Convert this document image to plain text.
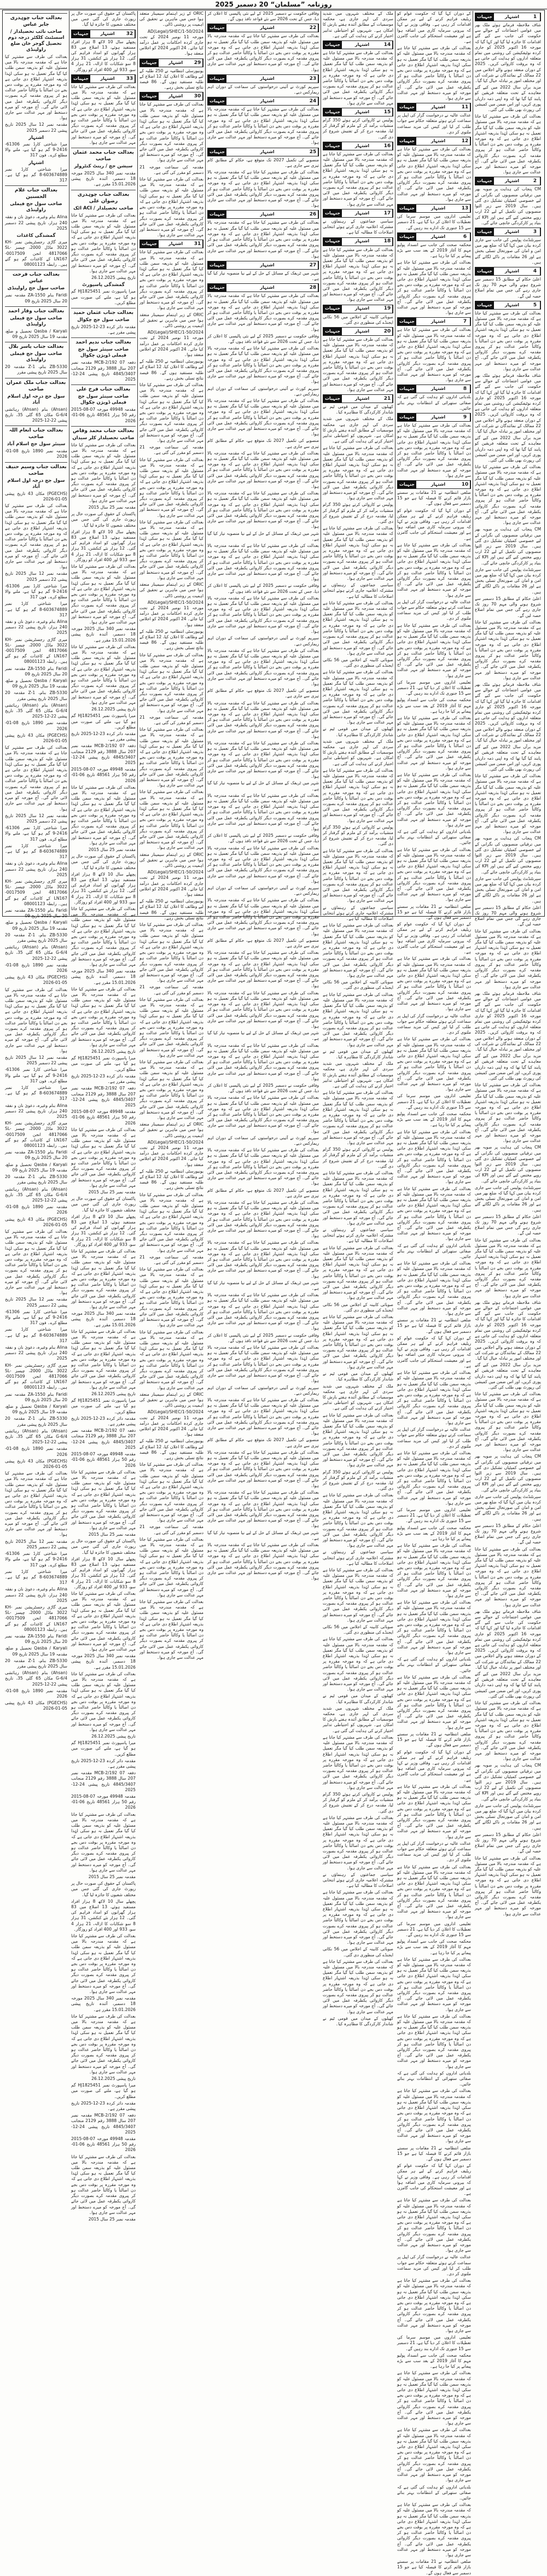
روزنامہ ”مسلمان“ 20 دسمبر 2025
جنہیات	اشتہار	1

شاف ملاحظہ فرماتے ہوئے ملک بھر میں عوامی اجتماعات کے حوالے سے حکومت کی جانب سے کیے گئے اقدامات کا جائزہ لیا گیا اور کہا گیا کہ مورخہ 16 اکتوبر 2025 کو جاری کردہ نوٹیفکیشن کی روشنی میں تمام متعلقہ اداروں کو ہدایت کی جاتی ہے کہ وہ بروقت کاروائی کریں۔ 2025 کے دوران منعقد ہونے والے اجلاس میں 22 ممالک کے نمائندگان نے شرکت کی اور مختلف امور پر تبادلہ خیال کیا گیا۔

مزید برآں سال 2022 میں کیے گئے معاہدے کے تحت متعلقہ فریقین کو پابند کیا گیا تھا کہ وہ اپنی ذمہ داریاں پوری کریں، اور اس ضمن میں کمیشن کی رپورٹ بھی طلب کی گئی۔

بعدالت کی طرف سے مشتہر کیا جاتا ہے کہ مقدمہ مندرجہ بالا میں مسئول علیہ کو بذریعہ سمن طلب کیا گیا مگر تعمیل نہ ہو سکی لہٰذا بذریعہ اشتہار اطلاع دی جاتی ہے کہ وہ مورخہ مقررہ پر بوقت دس بجے دن اصالتاً یا وکالتاً حاضر عدالت ہو کر پیروی مقدمہ کرے بصورت دیگر کاروائی یکطرفہ عمل میں لائی جائے گی۔ آج مورخہ کو میرے دستخط اور مہر عدالت سے جاری ہوا۔

جنہیات	اشتہار	2

CM پنجاب کی ہدایت پر صوبہ بھر میں ترقیاتی منصوبوں کی نگرانی کے لیے خصوصی کمیٹیاں تشکیل دی گئی ہیں۔ سال 2019 سے زیر التوا منصوبوں کی تکمیل کے لیے 22 ارب روپے مختص کیے گئے ہیں اور KPI کی بنیاد پر کارکردگی جانچی جائے گی۔

جنہیات	اشتہار	3

سپرنٹنڈنٹ پولیس کی جانب سے جاری کردہ بیان میں کہا گیا کہ ضلع بھر میں امن و امان کی صورتحال تسلی بخش ہے اور 26 مقامات پر ناکے لگائے گئے ہیں۔

جنہیات	اشتہار	4

اعلیٰ حکام کے مطابق 15 دسمبر سے شروع ہونے والی مہم 70 روز تک جاری رہے گی جس میں تمام اضلاع حصہ لیں گے۔

جنہیات	اشتہار	5

بعدالت کی طرف سے مشتہر کیا جاتا ہے کہ مقدمہ مندرجہ بالا میں مسئول علیہ کو بذریعہ سمن طلب کیا گیا مگر تعمیل نہ ہو سکی لہٰذا بذریعہ اشتہار اطلاع دی جاتی ہے کہ وہ مورخہ مقررہ پر بوقت دس بجے دن اصالتاً یا وکالتاً حاضر عدالت ہو کر پیروی مقدمہ کرے بصورت دیگر کاروائی یکطرفہ عمل میں لائی جائے گی۔ آج مورخہ کو میرے دستخط اور مہر عدالت سے جاری ہوا۔

شاف ملاحظہ فرماتے ہوئے ملک بھر میں عوامی اجتماعات کے حوالے سے حکومت کی جانب سے کیے گئے اقدامات کا جائزہ لیا گیا اور کہا گیا کہ مورخہ 16 اکتوبر 2025 کو جاری کردہ نوٹیفکیشن کی روشنی میں تمام متعلقہ اداروں کو ہدایت کی جاتی ہے کہ وہ بروقت کاروائی کریں۔ 2025 کے دوران منعقد ہونے والے اجلاس میں 22 ممالک کے نمائندگان نے شرکت کی اور مختلف امور پر تبادلہ خیال کیا گیا۔

مزید برآں سال 2022 میں کیے گئے معاہدے کے تحت متعلقہ فریقین کو پابند کیا گیا تھا کہ وہ اپنی ذمہ داریاں پوری کریں، اور اس ضمن میں کمیشن کی رپورٹ بھی طلب کی گئی۔

بعدالت کی طرف سے مشتہر کیا جاتا ہے کہ مقدمہ مندرجہ بالا میں مسئول علیہ کو بذریعہ سمن طلب کیا گیا مگر تعمیل نہ ہو سکی لہٰذا بذریعہ اشتہار اطلاع دی جاتی ہے کہ وہ مورخہ مقررہ پر بوقت دس بجے دن اصالتاً یا وکالتاً حاضر عدالت ہو کر پیروی مقدمہ کرے بصورت دیگر کاروائی یکطرفہ عمل میں لائی جائے گی۔ آج مورخہ کو میرے دستخط اور مہر عدالت سے جاری ہوا۔

CM پنجاب کی ہدایت پر صوبہ بھر میں ترقیاتی منصوبوں کی نگرانی کے لیے خصوصی کمیٹیاں تشکیل دی گئی ہیں۔ سال 2019 سے زیر التوا منصوبوں کی تکمیل کے لیے 22 ارب روپے مختص کیے گئے ہیں اور KPI کی بنیاد پر کارکردگی جانچی جائے گی۔

سپرنٹنڈنٹ پولیس کی جانب سے جاری کردہ بیان میں کہا گیا کہ ضلع بھر میں امن و امان کی صورتحال تسلی بخش ہے اور 26 مقامات پر ناکے لگائے گئے ہیں۔

اعلیٰ حکام کے مطابق 15 دسمبر سے شروع ہونے والی مہم 70 روز تک جاری رہے گی جس میں تمام اضلاع حصہ لیں گے۔

بعدالت کی طرف سے مشتہر کیا جاتا ہے کہ مقدمہ مندرجہ بالا میں مسئول علیہ کو بذریعہ سمن طلب کیا گیا مگر تعمیل نہ ہو سکی لہٰذا بذریعہ اشتہار اطلاع دی جاتی ہے کہ وہ مورخہ مقررہ پر بوقت دس بجے دن اصالتاً یا وکالتاً حاضر عدالت ہو کر پیروی مقدمہ کرے بصورت دیگر کاروائی یکطرفہ عمل میں لائی جائے گی۔ آج مورخہ کو میرے دستخط اور مہر عدالت سے جاری ہوا۔

شاف ملاحظہ فرماتے ہوئے ملک بھر میں عوامی اجتماعات کے حوالے سے حکومت کی جانب سے کیے گئے اقدامات کا جائزہ لیا گیا اور کہا گیا کہ مورخہ 16 اکتوبر 2025 کو جاری کردہ نوٹیفکیشن کی روشنی میں تمام متعلقہ اداروں کو ہدایت کی جاتی ہے کہ وہ بروقت کاروائی کریں۔ 2025 کے دوران منعقد ہونے والے اجلاس میں 22 ممالک کے نمائندگان نے شرکت کی اور مختلف امور پر تبادلہ خیال کیا گیا۔

مزید برآں سال 2022 میں کیے گئے معاہدے کے تحت متعلقہ فریقین کو پابند کیا گیا تھا کہ وہ اپنی ذمہ داریاں پوری کریں، اور اس ضمن میں کمیشن کی رپورٹ بھی طلب کی گئی۔

بعدالت کی طرف سے مشتہر کیا جاتا ہے کہ مقدمہ مندرجہ بالا میں مسئول علیہ کو بذریعہ سمن طلب کیا گیا مگر تعمیل نہ ہو سکی لہٰذا بذریعہ اشتہار اطلاع دی جاتی ہے کہ وہ مورخہ مقررہ پر بوقت دس بجے دن اصالتاً یا وکالتاً حاضر عدالت ہو کر پیروی مقدمہ کرے بصورت دیگر کاروائی یکطرفہ عمل میں لائی جائے گی۔ آج مورخہ کو میرے دستخط اور مہر عدالت سے جاری ہوا۔

CM پنجاب کی ہدایت پر صوبہ بھر میں ترقیاتی منصوبوں کی نگرانی کے لیے خصوصی کمیٹیاں تشکیل دی گئی ہیں۔ سال 2019 سے زیر التوا منصوبوں کی تکمیل کے لیے 22 ارب روپے مختص کیے گئے ہیں اور KPI کی بنیاد پر کارکردگی جانچی جائے گی۔

سپرنٹنڈنٹ پولیس کی جانب سے جاری کردہ بیان میں کہا گیا کہ ضلع بھر میں امن و امان کی صورتحال تسلی بخش ہے اور 26 مقامات پر ناکے لگائے گئے ہیں۔

اعلیٰ حکام کے مطابق 15 دسمبر سے شروع ہونے والی مہم 70 روز تک جاری رہے گی جس میں تمام اضلاع حصہ لیں گے۔

بعدالت کی طرف سے مشتہر کیا جاتا ہے کہ مقدمہ مندرجہ بالا میں مسئول علیہ کو بذریعہ سمن طلب کیا گیا مگر تعمیل نہ ہو سکی لہٰذا بذریعہ اشتہار اطلاع دی جاتی ہے کہ وہ مورخہ مقررہ پر بوقت دس بجے دن اصالتاً یا وکالتاً حاضر عدالت ہو کر پیروی مقدمہ کرے بصورت دیگر کاروائی یکطرفہ عمل میں لائی جائے گی۔ آج مورخہ کو میرے دستخط اور مہر عدالت سے جاری ہوا۔

شاف ملاحظہ فرماتے ہوئے ملک بھر میں عوامی اجتماعات کے حوالے سے حکومت کی جانب سے کیے گئے اقدامات کا جائزہ لیا گیا اور کہا گیا کہ مورخہ 16 اکتوبر 2025 کو جاری کردہ نوٹیفکیشن کی روشنی میں تمام متعلقہ اداروں کو ہدایت کی جاتی ہے کہ وہ بروقت کاروائی کریں۔ 2025 کے دوران منعقد ہونے والے اجلاس میں 22 ممالک کے نمائندگان نے شرکت کی اور مختلف امور پر تبادلہ خیال کیا گیا۔

مزید برآں سال 2022 میں کیے گئے معاہدے کے تحت متعلقہ فریقین کو پابند کیا گیا تھا کہ وہ اپنی ذمہ داریاں پوری کریں، اور اس ضمن میں کمیشن کی رپورٹ بھی طلب کی گئی۔

بعدالت کی طرف سے مشتہر کیا جاتا ہے کہ مقدمہ مندرجہ بالا میں مسئول علیہ کو بذریعہ سمن طلب کیا گیا مگر تعمیل نہ ہو سکی لہٰذا بذریعہ اشتہار اطلاع دی جاتی ہے کہ وہ مورخہ مقررہ پر بوقت دس بجے دن اصالتاً یا وکالتاً حاضر عدالت ہو کر پیروی مقدمہ کرے بصورت دیگر کاروائی یکطرفہ عمل میں لائی جائے گی۔ آج مورخہ کو میرے دستخط اور مہر عدالت سے جاری ہوا۔

CM پنجاب کی ہدایت پر صوبہ بھر میں ترقیاتی منصوبوں کی نگرانی کے لیے خصوصی کمیٹیاں تشکیل دی گئی ہیں۔ سال 2019 سے زیر التوا منصوبوں کی تکمیل کے لیے 22 ارب روپے مختص کیے گئے ہیں اور KPI کی بنیاد پر کارکردگی جانچی جائے گی۔

سپرنٹنڈنٹ پولیس کی جانب سے جاری کردہ بیان میں کہا گیا کہ ضلع بھر میں امن و امان کی صورتحال تسلی بخش ہے اور 26 مقامات پر ناکے لگائے گئے ہیں۔

اعلیٰ حکام کے مطابق 15 دسمبر سے شروع ہونے والی مہم 70 روز تک جاری رہے گی جس میں تمام اضلاع حصہ لیں گے۔

بعدالت کی طرف سے مشتہر کیا جاتا ہے کہ مقدمہ مندرجہ بالا میں مسئول علیہ کو بذریعہ سمن طلب کیا گیا مگر تعمیل نہ ہو سکی لہٰذا بذریعہ اشتہار اطلاع دی جاتی ہے کہ وہ مورخہ مقررہ پر بوقت دس بجے دن اصالتاً یا وکالتاً حاضر عدالت ہو کر پیروی مقدمہ کرے بصورت دیگر کاروائی یکطرفہ عمل میں لائی جائے گی۔ آج مورخہ کو میرے دستخط اور مہر عدالت سے جاری ہوا۔

شاف ملاحظہ فرماتے ہوئے ملک بھر میں عوامی اجتماعات کے حوالے سے حکومت کی جانب سے کیے گئے اقدامات کا جائزہ لیا گیا اور کہا گیا کہ مورخہ 16 اکتوبر 2025 کو جاری کردہ نوٹیفکیشن کی روشنی میں تمام متعلقہ اداروں کو ہدایت کی جاتی ہے کہ وہ بروقت کاروائی کریں۔ 2025 کے دوران منعقد ہونے والے اجلاس میں 22 ممالک کے نمائندگان نے شرکت کی اور مختلف امور پر تبادلہ خیال کیا گیا۔

مزید برآں سال 2022 میں کیے گئے معاہدے کے تحت متعلقہ فریقین کو پابند کیا گیا تھا کہ وہ اپنی ذمہ داریاں پوری کریں، اور اس ضمن میں کمیشن کی رپورٹ بھی طلب کی گئی۔

بعدالت کی طرف سے مشتہر کیا جاتا ہے کہ مقدمہ مندرجہ بالا میں مسئول علیہ کو بذریعہ سمن طلب کیا گیا مگر تعمیل نہ ہو سکی لہٰذا بذریعہ اشتہار اطلاع دی جاتی ہے کہ وہ مورخہ مقررہ پر بوقت دس بجے دن اصالتاً یا وکالتاً حاضر عدالت ہو کر پیروی مقدمہ کرے بصورت دیگر کاروائی یکطرفہ عمل میں لائی جائے گی۔ آج مورخہ کو میرے دستخط اور مہر عدالت سے جاری ہوا۔

CM پنجاب کی ہدایت پر صوبہ بھر میں ترقیاتی منصوبوں کی نگرانی کے لیے خصوصی کمیٹیاں تشکیل دی گئی ہیں۔ سال 2019 سے زیر التوا منصوبوں کی تکمیل کے لیے 22 ارب روپے مختص کیے گئے ہیں اور KPI کی بنیاد پر کارکردگی جانچی جائے گی۔

سپرنٹنڈنٹ پولیس کی جانب سے جاری کردہ بیان میں کہا گیا کہ ضلع بھر میں امن و امان کی صورتحال تسلی بخش ہے اور 26 مقامات پر ناکے لگائے گئے ہیں۔

اعلیٰ حکام کے مطابق 15 دسمبر سے شروع ہونے والی مہم 70 روز تک جاری رہے گی جس میں تمام اضلاع حصہ لیں گے۔

بعدالت کی طرف سے مشتہر کیا جاتا ہے کہ مقدمہ مندرجہ بالا میں مسئول علیہ کو بذریعہ سمن طلب کیا گیا مگر تعمیل نہ ہو سکی لہٰذا بذریعہ اشتہار اطلاع دی جاتی ہے کہ وہ مورخہ مقررہ پر بوقت دس بجے دن اصالتاً یا وکالتاً حاضر عدالت ہو کر پیروی مقدمہ کرے بصورت دیگر کاروائی یکطرفہ عمل میں لائی جائے گی۔ آج مورخہ کو میرے دستخط اور مہر عدالت سے جاری ہوا۔

شاف ملاحظہ فرماتے ہوئے ملک بھر میں عوامی اجتماعات کے حوالے سے حکومت کی جانب سے کیے گئے اقدامات کا جائزہ لیا گیا اور کہا گیا کہ مورخہ 16 اکتوبر 2025 کو جاری کردہ نوٹیفکیشن کی روشنی میں تمام متعلقہ اداروں کو ہدایت کی جاتی ہے کہ وہ بروقت کاروائی کریں۔ 2025 کے دوران منعقد ہونے والے اجلاس میں 22 ممالک کے نمائندگان نے شرکت کی اور مختلف امور پر تبادلہ خیال کیا گیا۔

مزید برآں سال 2022 میں کیے گئے معاہدے کے تحت متعلقہ فریقین کو پابند کیا گیا تھا کہ وہ اپنی ذمہ داریاں پوری کریں، اور اس ضمن میں کمیشن کی رپورٹ بھی طلب کی گئی۔

بعدالت کی طرف سے مشتہر کیا جاتا ہے کہ مقدمہ مندرجہ بالا میں مسئول علیہ کو بذریعہ سمن طلب کیا گیا مگر تعمیل نہ ہو سکی لہٰذا بذریعہ اشتہار اطلاع دی جاتی ہے کہ وہ مورخہ مقررہ پر بوقت دس بجے دن اصالتاً یا وکالتاً حاضر عدالت ہو کر پیروی مقدمہ کرے بصورت دیگر کاروائی یکطرفہ عمل میں لائی جائے گی۔ آج مورخہ کو میرے دستخط اور مہر عدالت سے جاری ہوا۔

CM پنجاب کی ہدایت پر صوبہ بھر میں ترقیاتی منصوبوں کی نگرانی کے لیے خصوصی کمیٹیاں تشکیل دی گئی ہیں۔ سال 2019 سے زیر التوا منصوبوں کی تکمیل کے لیے 22 ارب روپے مختص کیے گئے ہیں اور KPI کی بنیاد پر کارکردگی جانچی جائے گی۔

سپرنٹنڈنٹ پولیس کی جانب سے جاری کردہ بیان میں کہا گیا کہ ضلع بھر میں امن و امان کی صورتحال تسلی بخش ہے اور 26 مقامات پر ناکے لگائے گئے ہیں۔

اعلیٰ حکام کے مطابق 15 دسمبر سے شروع ہونے والی مہم 70 روز تک جاری رہے گی جس میں تمام اضلاع حصہ لیں گے۔

بعدالت کی طرف سے مشتہر کیا جاتا ہے کہ مقدمہ مندرجہ بالا میں مسئول علیہ کو بذریعہ سمن طلب کیا گیا مگر تعمیل نہ ہو سکی لہٰذا بذریعہ اشتہار اطلاع دی جاتی ہے کہ وہ مورخہ مقررہ پر بوقت دس بجے دن اصالتاً یا وکالتاً حاضر عدالت ہو کر پیروی مقدمہ کرے بصورت دیگر کاروائی یکطرفہ عمل میں لائی جائے گی۔ آج مورخہ کو میرے دستخط اور مہر عدالت سے جاری ہوا۔

کے دوران کہا گیا کہ حکومت عوام کو ریلیف فراہم کرنے کے لیے ہر ممکن اقدامات کر رہی ہے۔ وفاقی وزیر نے کہا کہ بیرونی سرمایہ کاری میں اضافہ ہوا ہے اور معیشت استحکام کی جانب گامزن ہے۔

بعدالت کی طرف سے مشتہر کیا جاتا ہے کہ مقدمہ مندرجہ بالا میں مسئول علیہ کو بذریعہ سمن طلب کیا گیا مگر تعمیل نہ ہو سکی لہٰذا بذریعہ اشتہار اطلاع دی جاتی ہے کہ وہ مورخہ مقررہ پر بوقت دس بجے دن اصالتاً یا وکالتاً حاضر عدالت ہو کر پیروی مقدمہ کرے بصورت دیگر کاروائی یکطرفہ عمل میں لائی جائے گی۔ آج مورخہ کو میرے دستخط اور مہر عدالت سے جاری ہوا۔

جنہیات	اشتہار	11

عدالت عالیہ نے درخواست گزار کی اپیل پر سماعت کرتے ہوئے متعلقہ حکام سے جواب طلب کر لیا اور کیس کی مزید سماعت ملتوی کر دی۔

جنہیات	اشتہار	12

بعدالت کی طرف سے مشتہر کیا جاتا ہے کہ مقدمہ مندرجہ بالا میں مسئول علیہ کو بذریعہ سمن طلب کیا گیا مگر تعمیل نہ ہو سکی لہٰذا بذریعہ اشتہار اطلاع دی جاتی ہے کہ وہ مورخہ مقررہ پر بوقت دس بجے دن اصالتاً یا وکالتاً حاضر عدالت ہو کر پیروی مقدمہ کرے بصورت دیگر کاروائی یکطرفہ عمل میں لائی جائے گی۔ آج مورخہ کو میرے دستخط اور مہر عدالت سے جاری ہوا۔

جنہیات	اشتہار	13

تعلیمی اداروں میں موسم سرما کی تعطیلات کا اعلان کر دیا گیا ہے، 21 دسمبر سے 15 جنوری تک ادارے بند رہیں گے۔

جنہیات	اشتہار	6

محکمہ صحت کی جانب سے انسداد پولیو مہم کا آغاز 2019 کے بعد سب سے بڑے پیمانے پر کیا جا رہا ہے۔

بعدالت کی طرف سے مشتہر کیا جاتا ہے کہ مقدمہ مندرجہ بالا میں مسئول علیہ کو بذریعہ سمن طلب کیا گیا مگر تعمیل نہ ہو سکی لہٰذا بذریعہ اشتہار اطلاع دی جاتی ہے کہ وہ مورخہ مقررہ پر بوقت دس بجے دن اصالتاً یا وکالتاً حاضر عدالت ہو کر پیروی مقدمہ کرے بصورت دیگر کاروائی یکطرفہ عمل میں لائی جائے گی۔ آج مورخہ کو میرے دستخط اور مہر عدالت سے جاری ہوا۔

جنہیات	اشتہار	7

بعدالت کی طرف سے مشتہر کیا جاتا ہے کہ مقدمہ مندرجہ بالا میں مسئول علیہ کو بذریعہ سمن طلب کیا گیا مگر تعمیل نہ ہو سکی لہٰذا بذریعہ اشتہار اطلاع دی جاتی ہے کہ وہ مورخہ مقررہ پر بوقت دس بجے دن اصالتاً یا وکالتاً حاضر عدالت ہو کر پیروی مقدمہ کرے بصورت دیگر کاروائی یکطرفہ عمل میں لائی جائے گی۔ آج مورخہ کو میرے دستخط اور مہر عدالت سے جاری ہوا۔

جنہیات	اشتہار	8

بلدیاتی اداروں کو ہدایت کی گئی ہے کہ صفائی ستھرائی کے انتظامات بہتر بنائے جائیں۔

جنہیات	اشتہار	9

بعدالت کی طرف سے مشتہر کیا جاتا ہے کہ مقدمہ مندرجہ بالا میں مسئول علیہ کو بذریعہ سمن طلب کیا گیا مگر تعمیل نہ ہو سکی لہٰذا بذریعہ اشتہار اطلاع دی جاتی ہے کہ وہ مورخہ مقررہ پر بوقت دس بجے دن اصالتاً یا وکالتاً حاضر عدالت ہو کر پیروی مقدمہ کرے بصورت دیگر کاروائی یکطرفہ عمل میں لائی جائے گی۔ آج مورخہ کو میرے دستخط اور مہر عدالت سے جاری ہوا۔

جنہیات	اشتہار	10

ضلعی انتظامیہ نے 21 مقامات پر سستے بازار قائم کرنے کا فیصلہ کیا ہے جو 15 دسمبر سے فعال ہوں گے۔

کے دوران کہا گیا کہ حکومت عوام کو ریلیف فراہم کرنے کے لیے ہر ممکن اقدامات کر رہی ہے۔ وفاقی وزیر نے کہا کہ بیرونی سرمایہ کاری میں اضافہ ہوا ہے اور معیشت استحکام کی جانب گامزن ہے۔

بعدالت کی طرف سے مشتہر کیا جاتا ہے کہ مقدمہ مندرجہ بالا میں مسئول علیہ کو بذریعہ سمن طلب کیا گیا مگر تعمیل نہ ہو سکی لہٰذا بذریعہ اشتہار اطلاع دی جاتی ہے کہ وہ مورخہ مقررہ پر بوقت دس بجے دن اصالتاً یا وکالتاً حاضر عدالت ہو کر پیروی مقدمہ کرے بصورت دیگر کاروائی یکطرفہ عمل میں لائی جائے گی۔ آج مورخہ کو میرے دستخط اور مہر عدالت سے جاری ہوا۔

عدالت عالیہ نے درخواست گزار کی اپیل پر سماعت کرتے ہوئے متعلقہ حکام سے جواب طلب کر لیا اور کیس کی مزید سماعت ملتوی کر دی۔

بعدالت کی طرف سے مشتہر کیا جاتا ہے کہ مقدمہ مندرجہ بالا میں مسئول علیہ کو بذریعہ سمن طلب کیا گیا مگر تعمیل نہ ہو سکی لہٰذا بذریعہ اشتہار اطلاع دی جاتی ہے کہ وہ مورخہ مقررہ پر بوقت دس بجے دن اصالتاً یا وکالتاً حاضر عدالت ہو کر پیروی مقدمہ کرے بصورت دیگر کاروائی یکطرفہ عمل میں لائی جائے گی۔ آج مورخہ کو میرے دستخط اور مہر عدالت سے جاری ہوا۔

تعلیمی اداروں میں موسم سرما کی تعطیلات کا اعلان کر دیا گیا ہے، 21 دسمبر سے 15 جنوری تک ادارے بند رہیں گے۔

محکمہ صحت کی جانب سے انسداد پولیو مہم کا آغاز 2019 کے بعد سب سے بڑے پیمانے پر کیا جا رہا ہے۔

بعدالت کی طرف سے مشتہر کیا جاتا ہے کہ مقدمہ مندرجہ بالا میں مسئول علیہ کو بذریعہ سمن طلب کیا گیا مگر تعمیل نہ ہو سکی لہٰذا بذریعہ اشتہار اطلاع دی جاتی ہے کہ وہ مورخہ مقررہ پر بوقت دس بجے دن اصالتاً یا وکالتاً حاضر عدالت ہو کر پیروی مقدمہ کرے بصورت دیگر کاروائی یکطرفہ عمل میں لائی جائے گی۔ آج مورخہ کو میرے دستخط اور مہر عدالت سے جاری ہوا۔

بعدالت کی طرف سے مشتہر کیا جاتا ہے کہ مقدمہ مندرجہ بالا میں مسئول علیہ کو بذریعہ سمن طلب کیا گیا مگر تعمیل نہ ہو سکی لہٰذا بذریعہ اشتہار اطلاع دی جاتی ہے کہ وہ مورخہ مقررہ پر بوقت دس بجے دن اصالتاً یا وکالتاً حاضر عدالت ہو کر پیروی مقدمہ کرے بصورت دیگر کاروائی یکطرفہ عمل میں لائی جائے گی۔ آج مورخہ کو میرے دستخط اور مہر عدالت سے جاری ہوا۔

بلدیاتی اداروں کو ہدایت کی گئی ہے کہ صفائی ستھرائی کے انتظامات بہتر بنائے جائیں۔

بعدالت کی طرف سے مشتہر کیا جاتا ہے کہ مقدمہ مندرجہ بالا میں مسئول علیہ کو بذریعہ سمن طلب کیا گیا مگر تعمیل نہ ہو سکی لہٰذا بذریعہ اشتہار اطلاع دی جاتی ہے کہ وہ مورخہ مقررہ پر بوقت دس بجے دن اصالتاً یا وکالتاً حاضر عدالت ہو کر پیروی مقدمہ کرے بصورت دیگر کاروائی یکطرفہ عمل میں لائی جائے گی۔ آج مورخہ کو میرے دستخط اور مہر عدالت سے جاری ہوا۔

ضلعی انتظامیہ نے 21 مقامات پر سستے بازار قائم کرنے کا فیصلہ کیا ہے جو 15 دسمبر سے فعال ہوں گے۔

کے دوران کہا گیا کہ حکومت عوام کو ریلیف فراہم کرنے کے لیے ہر ممکن اقدامات کر رہی ہے۔ وفاقی وزیر نے کہا کہ بیرونی سرمایہ کاری میں اضافہ ہوا ہے اور معیشت استحکام کی جانب گامزن ہے۔

بعدالت کی طرف سے مشتہر کیا جاتا ہے کہ مقدمہ مندرجہ بالا میں مسئول علیہ کو بذریعہ سمن طلب کیا گیا مگر تعمیل نہ ہو سکی لہٰذا بذریعہ اشتہار اطلاع دی جاتی ہے کہ وہ مورخہ مقررہ پر بوقت دس بجے دن اصالتاً یا وکالتاً حاضر عدالت ہو کر پیروی مقدمہ کرے بصورت دیگر کاروائی یکطرفہ عمل میں لائی جائے گی۔ آج مورخہ کو میرے دستخط اور مہر عدالت سے جاری ہوا۔

عدالت عالیہ نے درخواست گزار کی اپیل پر سماعت کرتے ہوئے متعلقہ حکام سے جواب طلب کر لیا اور کیس کی مزید سماعت ملتوی کر دی۔

بعدالت کی طرف سے مشتہر کیا جاتا ہے کہ مقدمہ مندرجہ بالا میں مسئول علیہ کو بذریعہ سمن طلب کیا گیا مگر تعمیل نہ ہو سکی لہٰذا بذریعہ اشتہار اطلاع دی جاتی ہے کہ وہ مورخہ مقررہ پر بوقت دس بجے دن اصالتاً یا وکالتاً حاضر عدالت ہو کر پیروی مقدمہ کرے بصورت دیگر کاروائی یکطرفہ عمل میں لائی جائے گی۔ آج مورخہ کو میرے دستخط اور مہر عدالت سے جاری ہوا۔

تعلیمی اداروں میں موسم سرما کی تعطیلات کا اعلان کر دیا گیا ہے، 21 دسمبر سے 15 جنوری تک ادارے بند رہیں گے۔

محکمہ صحت کی جانب سے انسداد پولیو مہم کا آغاز 2019 کے بعد سب سے بڑے پیمانے پر کیا جا رہا ہے۔

بعدالت کی طرف سے مشتہر کیا جاتا ہے کہ مقدمہ مندرجہ بالا میں مسئول علیہ کو بذریعہ سمن طلب کیا گیا مگر تعمیل نہ ہو سکی لہٰذا بذریعہ اشتہار اطلاع دی جاتی ہے کہ وہ مورخہ مقررہ پر بوقت دس بجے دن اصالتاً یا وکالتاً حاضر عدالت ہو کر پیروی مقدمہ کرے بصورت دیگر کاروائی یکطرفہ عمل میں لائی جائے گی۔ آج مورخہ کو میرے دستخط اور مہر عدالت سے جاری ہوا۔

بعدالت کی طرف سے مشتہر کیا جاتا ہے کہ مقدمہ مندرجہ بالا میں مسئول علیہ کو بذریعہ سمن طلب کیا گیا مگر تعمیل نہ ہو سکی لہٰذا بذریعہ اشتہار اطلاع دی جاتی ہے کہ وہ مورخہ مقررہ پر بوقت دس بجے دن اصالتاً یا وکالتاً حاضر عدالت ہو کر پیروی مقدمہ کرے بصورت دیگر کاروائی یکطرفہ عمل میں لائی جائے گی۔ آج مورخہ کو میرے دستخط اور مہر عدالت سے جاری ہوا۔

بلدیاتی اداروں کو ہدایت کی گئی ہے کہ صفائی ستھرائی کے انتظامات بہتر بنائے جائیں۔

بعدالت کی طرف سے مشتہر کیا جاتا ہے کہ مقدمہ مندرجہ بالا میں مسئول علیہ کو بذریعہ سمن طلب کیا گیا مگر تعمیل نہ ہو سکی لہٰذا بذریعہ اشتہار اطلاع دی جاتی ہے کہ وہ مورخہ مقررہ پر بوقت دس بجے دن اصالتاً یا وکالتاً حاضر عدالت ہو کر پیروی مقدمہ کرے بصورت دیگر کاروائی یکطرفہ عمل میں لائی جائے گی۔ آج مورخہ کو میرے دستخط اور مہر عدالت سے جاری ہوا۔

ضلعی انتظامیہ نے 21 مقامات پر سستے بازار قائم کرنے کا فیصلہ کیا ہے جو 15 دسمبر سے فعال ہوں گے۔

کے دوران کہا گیا کہ حکومت عوام کو ریلیف فراہم کرنے کے لیے ہر ممکن اقدامات کر رہی ہے۔ وفاقی وزیر نے کہا کہ بیرونی سرمایہ کاری میں اضافہ ہوا ہے اور معیشت استحکام کی جانب گامزن ہے۔

بعدالت کی طرف سے مشتہر کیا جاتا ہے کہ مقدمہ مندرجہ بالا میں مسئول علیہ کو بذریعہ سمن طلب کیا گیا مگر تعمیل نہ ہو سکی لہٰذا بذریعہ اشتہار اطلاع دی جاتی ہے کہ وہ مورخہ مقررہ پر بوقت دس بجے دن اصالتاً یا وکالتاً حاضر عدالت ہو کر پیروی مقدمہ کرے بصورت دیگر کاروائی یکطرفہ عمل میں لائی جائے گی۔ آج مورخہ کو میرے دستخط اور مہر عدالت سے جاری ہوا۔

عدالت عالیہ نے درخواست گزار کی اپیل پر سماعت کرتے ہوئے متعلقہ حکام سے جواب طلب کر لیا اور کیس کی مزید سماعت ملتوی کر دی۔

بعدالت کی طرف سے مشتہر کیا جاتا ہے کہ مقدمہ مندرجہ بالا میں مسئول علیہ کو بذریعہ سمن طلب کیا گیا مگر تعمیل نہ ہو سکی لہٰذا بذریعہ اشتہار اطلاع دی جاتی ہے کہ وہ مورخہ مقررہ پر بوقت دس بجے دن اصالتاً یا وکالتاً حاضر عدالت ہو کر پیروی مقدمہ کرے بصورت دیگر کاروائی یکطرفہ عمل میں لائی جائے گی۔ آج مورخہ کو میرے دستخط اور مہر عدالت سے جاری ہوا۔

تعلیمی اداروں میں موسم سرما کی تعطیلات کا اعلان کر دیا گیا ہے، 21 دسمبر سے 15 جنوری تک ادارے بند رہیں گے۔

محکمہ صحت کی جانب سے انسداد پولیو مہم کا آغاز 2019 کے بعد سب سے بڑے پیمانے پر کیا جا رہا ہے۔

بعدالت کی طرف سے مشتہر کیا جاتا ہے کہ مقدمہ مندرجہ بالا میں مسئول علیہ کو بذریعہ سمن طلب کیا گیا مگر تعمیل نہ ہو سکی لہٰذا بذریعہ اشتہار اطلاع دی جاتی ہے کہ وہ مورخہ مقررہ پر بوقت دس بجے دن اصالتاً یا وکالتاً حاضر عدالت ہو کر پیروی مقدمہ کرے بصورت دیگر کاروائی یکطرفہ عمل میں لائی جائے گی۔ آج مورخہ کو میرے دستخط اور مہر عدالت سے جاری ہوا۔

بعدالت کی طرف سے مشتہر کیا جاتا ہے کہ مقدمہ مندرجہ بالا میں مسئول علیہ کو بذریعہ سمن طلب کیا گیا مگر تعمیل نہ ہو سکی لہٰذا بذریعہ اشتہار اطلاع دی جاتی ہے کہ وہ مورخہ مقررہ پر بوقت دس بجے دن اصالتاً یا وکالتاً حاضر عدالت ہو کر پیروی مقدمہ کرے بصورت دیگر کاروائی یکطرفہ عمل میں لائی جائے گی۔ آج مورخہ کو میرے دستخط اور مہر عدالت سے جاری ہوا۔

بلدیاتی اداروں کو ہدایت کی گئی ہے کہ صفائی ستھرائی کے انتظامات بہتر بنائے جائیں۔

بعدالت کی طرف سے مشتہر کیا جاتا ہے کہ مقدمہ مندرجہ بالا میں مسئول علیہ کو بذریعہ سمن طلب کیا گیا مگر تعمیل نہ ہو سکی لہٰذا بذریعہ اشتہار اطلاع دی جاتی ہے کہ وہ مورخہ مقررہ پر بوقت دس بجے دن اصالتاً یا وکالتاً حاضر عدالت ہو کر پیروی مقدمہ کرے بصورت دیگر کاروائی یکطرفہ عمل میں لائی جائے گی۔ آج مورخہ کو میرے دستخط اور مہر عدالت سے جاری ہوا۔

ضلعی انتظامیہ نے 21 مقامات پر سستے بازار قائم کرنے کا فیصلہ کیا ہے جو 15 دسمبر سے فعال ہوں گے۔

کے دوران کہا گیا کہ حکومت عوام کو ریلیف فراہم کرنے کے لیے ہر ممکن اقدامات کر رہی ہے۔ وفاقی وزیر نے کہا کہ بیرونی سرمایہ کاری میں اضافہ ہوا ہے اور معیشت استحکام کی جانب گامزن ہے۔

بعدالت کی طرف سے مشتہر کیا جاتا ہے کہ مقدمہ مندرجہ بالا میں مسئول علیہ کو بذریعہ سمن طلب کیا گیا مگر تعمیل نہ ہو سکی لہٰذا بذریعہ اشتہار اطلاع دی جاتی ہے کہ وہ مورخہ مقررہ پر بوقت دس بجے دن اصالتاً یا وکالتاً حاضر عدالت ہو کر پیروی مقدمہ کرے بصورت دیگر کاروائی یکطرفہ عمل میں لائی جائے گی۔ آج مورخہ کو میرے دستخط اور مہر عدالت سے جاری ہوا۔

عدالت عالیہ نے درخواست گزار کی اپیل پر سماعت کرتے ہوئے متعلقہ حکام سے جواب طلب کر لیا اور کیس کی مزید سماعت ملتوی کر دی۔

بعدالت کی طرف سے مشتہر کیا جاتا ہے کہ مقدمہ مندرجہ بالا میں مسئول علیہ کو بذریعہ سمن طلب کیا گیا مگر تعمیل نہ ہو سکی لہٰذا بذریعہ اشتہار اطلاع دی جاتی ہے کہ وہ مورخہ مقررہ پر بوقت دس بجے دن اصالتاً یا وکالتاً حاضر عدالت ہو کر پیروی مقدمہ کرے بصورت دیگر کاروائی یکطرفہ عمل میں لائی جائے گی۔ آج مورخہ کو میرے دستخط اور مہر عدالت سے جاری ہوا۔

تعلیمی اداروں میں موسم سرما کی تعطیلات کا اعلان کر دیا گیا ہے، 21 دسمبر سے 15 جنوری تک ادارے بند رہیں گے۔

محکمہ صحت کی جانب سے انسداد پولیو مہم کا آغاز 2019 کے بعد سب سے بڑے پیمانے پر کیا جا رہا ہے۔

بعدالت کی طرف سے مشتہر کیا جاتا ہے کہ مقدمہ مندرجہ بالا میں مسئول علیہ کو بذریعہ سمن طلب کیا گیا مگر تعمیل نہ ہو سکی لہٰذا بذریعہ اشتہار اطلاع دی جاتی ہے کہ وہ مورخہ مقررہ پر بوقت دس بجے دن اصالتاً یا وکالتاً حاضر عدالت ہو کر پیروی مقدمہ کرے بصورت دیگر کاروائی یکطرفہ عمل میں لائی جائے گی۔ آج مورخہ کو میرے دستخط اور مہر عدالت سے جاری ہوا۔

بعدالت کی طرف سے مشتہر کیا جاتا ہے کہ مقدمہ مندرجہ بالا میں مسئول علیہ کو بذریعہ سمن طلب کیا گیا مگر تعمیل نہ ہو سکی لہٰذا بذریعہ اشتہار اطلاع دی جاتی ہے کہ وہ مورخہ مقررہ پر بوقت دس بجے دن اصالتاً یا وکالتاً حاضر عدالت ہو کر پیروی مقدمہ کرے بصورت دیگر کاروائی یکطرفہ عمل میں لائی جائے گی۔ آج مورخہ کو میرے دستخط اور مہر عدالت سے جاری ہوا۔

بلدیاتی اداروں کو ہدایت کی گئی ہے کہ صفائی ستھرائی کے انتظامات بہتر بنائے جائیں۔

بعدالت کی طرف سے مشتہر کیا جاتا ہے کہ مقدمہ مندرجہ بالا میں مسئول علیہ کو بذریعہ سمن طلب کیا گیا مگر تعمیل نہ ہو سکی لہٰذا بذریعہ اشتہار اطلاع دی جاتی ہے کہ وہ مورخہ مقررہ پر بوقت دس بجے دن اصالتاً یا وکالتاً حاضر عدالت ہو کر پیروی مقدمہ کرے بصورت دیگر کاروائی یکطرفہ عمل میں لائی جائے گی۔ آج مورخہ کو میرے دستخط اور مہر عدالت سے جاری ہوا۔

ضلعی انتظامیہ نے 21 مقامات پر سستے بازار قائم کرنے کا فیصلہ کیا ہے جو 15 دسمبر سے فعال ہوں گے۔

کے دوران کہا گیا کہ حکومت عوام کو ریلیف فراہم کرنے کے لیے ہر ممکن اقدامات کر رہی ہے۔ وفاقی وزیر نے کہا کہ بیرونی سرمایہ کاری میں اضافہ ہوا ہے اور معیشت استحکام کی جانب گامزن ہے۔

بعدالت کی طرف سے مشتہر کیا جاتا ہے کہ مقدمہ مندرجہ بالا میں مسئول علیہ کو بذریعہ سمن طلب کیا گیا مگر تعمیل نہ ہو سکی لہٰذا بذریعہ اشتہار اطلاع دی جاتی ہے کہ وہ مورخہ مقررہ پر بوقت دس بجے دن اصالتاً یا وکالتاً حاضر عدالت ہو کر پیروی مقدمہ کرے بصورت دیگر کاروائی یکطرفہ عمل میں لائی جائے گی۔ آج مورخہ کو میرے دستخط اور مہر عدالت سے جاری ہوا۔

عدالت عالیہ نے درخواست گزار کی اپیل پر سماعت کرتے ہوئے متعلقہ حکام سے جواب طلب کر لیا اور کیس کی مزید سماعت ملتوی کر دی۔

بعدالت کی طرف سے مشتہر کیا جاتا ہے کہ مقدمہ مندرجہ بالا میں مسئول علیہ کو بذریعہ سمن طلب کیا گیا مگر تعمیل نہ ہو سکی لہٰذا بذریعہ اشتہار اطلاع دی جاتی ہے کہ وہ مورخہ مقررہ پر بوقت دس بجے دن اصالتاً یا وکالتاً حاضر عدالت ہو کر پیروی مقدمہ کرے بصورت دیگر کاروائی یکطرفہ عمل میں لائی جائے گی۔ آج مورخہ کو میرے دستخط اور مہر عدالت سے جاری ہوا۔

تعلیمی اداروں میں موسم سرما کی تعطیلات کا اعلان کر دیا گیا ہے، 21 دسمبر سے 15 جنوری تک ادارے بند رہیں گے۔

محکمہ صحت کی جانب سے انسداد پولیو مہم کا آغاز 2019 کے بعد سب سے بڑے پیمانے پر کیا جا رہا ہے۔

بعدالت کی طرف سے مشتہر کیا جاتا ہے کہ مقدمہ مندرجہ بالا میں مسئول علیہ کو بذریعہ سمن طلب کیا گیا مگر تعمیل نہ ہو سکی لہٰذا بذریعہ اشتہار اطلاع دی جاتی ہے کہ وہ مورخہ مقررہ پر بوقت دس بجے دن اصالتاً یا وکالتاً حاضر عدالت ہو کر پیروی مقدمہ کرے بصورت دیگر کاروائی یکطرفہ عمل میں لائی جائے گی۔ آج مورخہ کو میرے دستخط اور مہر عدالت سے جاری ہوا۔

بعدالت کی طرف سے مشتہر کیا جاتا ہے کہ مقدمہ مندرجہ بالا میں مسئول علیہ کو بذریعہ سمن طلب کیا گیا مگر تعمیل نہ ہو سکی لہٰذا بذریعہ اشتہار اطلاع دی جاتی ہے کہ وہ مورخہ مقررہ پر بوقت دس بجے دن اصالتاً یا وکالتاً حاضر عدالت ہو کر پیروی مقدمہ کرے بصورت دیگر کاروائی یکطرفہ عمل میں لائی جائے گی۔ آج مورخہ کو میرے دستخط اور مہر عدالت سے جاری ہوا۔

بلدیاتی اداروں کو ہدایت کی گئی ہے کہ صفائی ستھرائی کے انتظامات بہتر بنائے جائیں۔

بعدالت کی طرف سے مشتہر کیا جاتا ہے کہ مقدمہ مندرجہ بالا میں مسئول علیہ کو بذریعہ سمن طلب کیا گیا مگر تعمیل نہ ہو سکی لہٰذا بذریعہ اشتہار اطلاع دی جاتی ہے کہ وہ مورخہ مقررہ پر بوقت دس بجے دن اصالتاً یا وکالتاً حاضر عدالت ہو کر پیروی مقدمہ کرے بصورت دیگر کاروائی یکطرفہ عمل میں لائی جائے گی۔ آج مورخہ کو میرے دستخط اور مہر عدالت سے جاری ہوا۔

ضلعی انتظامیہ نے 21 مقامات پر سستے بازار قائم کرنے کا فیصلہ کیا ہے جو 15 دسمبر سے فعال ہوں گے۔

ملک کے مختلف شہروں میں شدید سردی کی لہر جاری ہے، محکمہ موسمیات کے مطابق آئندہ ہفتے بارش کا امکان ہے۔ شہریوں کو احتیاطی تدابیر اختیار کرنے کی ہدایت کی گئی ہے۔

جنہیات	اشتہار	14

بعدالت کی طرف سے مشتہر کیا جاتا ہے کہ مقدمہ مندرجہ بالا میں مسئول علیہ کو بذریعہ سمن طلب کیا گیا مگر تعمیل نہ ہو سکی لہٰذا بذریعہ اشتہار اطلاع دی جاتی ہے کہ وہ مورخہ مقررہ پر بوقت دس بجے دن اصالتاً یا وکالتاً حاضر عدالت ہو کر پیروی مقدمہ کرے بصورت دیگر کاروائی یکطرفہ عمل میں لائی جائے گی۔ آج مورخہ کو میرے دستخط اور مہر عدالت سے جاری ہوا۔

جنہیات	اشتہار	15

پولیس نے کاروائی کرتے ہوئے 350 گرام منشیات برآمد کر کے ملزم کو گرفتار کر لیا، مقدمہ درج کر کے تفتیش شروع کر دی گئی۔

جنہیات	اشتہار	16

بعدالت کی طرف سے مشتہر کیا جاتا ہے کہ مقدمہ مندرجہ بالا میں مسئول علیہ کو بذریعہ سمن طلب کیا گیا مگر تعمیل نہ ہو سکی لہٰذا بذریعہ اشتہار اطلاع دی جاتی ہے کہ وہ مورخہ مقررہ پر بوقت دس بجے دن اصالتاً یا وکالتاً حاضر عدالت ہو کر پیروی مقدمہ کرے بصورت دیگر کاروائی یکطرفہ عمل میں لائی جائے گی۔ آج مورخہ کو میرے دستخط اور مہر عدالت سے جاری ہوا۔

جنہیات	اشتہار	17

سیاسی جماعتوں کے رہنماؤں نے مشترکہ اعلامیہ جاری کرتے ہوئے انتخابی اصلاحات کا مطالبہ کیا ہے۔

جنہیات	اشتہار	18

بعدالت کی طرف سے مشتہر کیا جاتا ہے کہ مقدمہ مندرجہ بالا میں مسئول علیہ کو بذریعہ سمن طلب کیا گیا مگر تعمیل نہ ہو سکی لہٰذا بذریعہ اشتہار اطلاع دی جاتی ہے کہ وہ مورخہ مقررہ پر بوقت دس بجے دن اصالتاً یا وکالتاً حاضر عدالت ہو کر پیروی مقدمہ کرے بصورت دیگر کاروائی یکطرفہ عمل میں لائی جائے گی۔ آج مورخہ کو میرے دستخط اور مہر عدالت سے جاری ہوا۔

جنہیات	اشتہار	19

صوبائی کابینہ کے اجلاس میں 56 نکاتی ایجنڈے کی منظوری دی گئی۔

جنہیات	اشتہار	20

بعدالت کی طرف سے مشتہر کیا جاتا ہے کہ مقدمہ مندرجہ بالا میں مسئول علیہ کو بذریعہ سمن طلب کیا گیا مگر تعمیل نہ ہو سکی لہٰذا بذریعہ اشتہار اطلاع دی جاتی ہے کہ وہ مورخہ مقررہ پر بوقت دس بجے دن اصالتاً یا وکالتاً حاضر عدالت ہو کر پیروی مقدمہ کرے بصورت دیگر کاروائی یکطرفہ عمل میں لائی جائے گی۔ آج مورخہ کو میرے دستخط اور مہر عدالت سے جاری ہوا۔

جنہیات	اشتہار	21

کھیلوں کے میدان میں قومی ٹیم نے شاندار کارکردگی کا مظاہرہ کیا۔

ملک کے مختلف شہروں میں شدید سردی کی لہر جاری ہے، محکمہ موسمیات کے مطابق آئندہ ہفتے بارش کا امکان ہے۔ شہریوں کو احتیاطی تدابیر اختیار کرنے کی ہدایت کی گئی ہے۔

بعدالت کی طرف سے مشتہر کیا جاتا ہے کہ مقدمہ مندرجہ بالا میں مسئول علیہ کو بذریعہ سمن طلب کیا گیا مگر تعمیل نہ ہو سکی لہٰذا بذریعہ اشتہار اطلاع دی جاتی ہے کہ وہ مورخہ مقررہ پر بوقت دس بجے دن اصالتاً یا وکالتاً حاضر عدالت ہو کر پیروی مقدمہ کرے بصورت دیگر کاروائی یکطرفہ عمل میں لائی جائے گی۔ آج مورخہ کو میرے دستخط اور مہر عدالت سے جاری ہوا۔

پولیس نے کاروائی کرتے ہوئے 350 گرام منشیات برآمد کر کے ملزم کو گرفتار کر لیا، مقدمہ درج کر کے تفتیش شروع کر دی گئی۔

بعدالت کی طرف سے مشتہر کیا جاتا ہے کہ مقدمہ مندرجہ بالا میں مسئول علیہ کو بذریعہ سمن طلب کیا گیا مگر تعمیل نہ ہو سکی لہٰذا بذریعہ اشتہار اطلاع دی جاتی ہے کہ وہ مورخہ مقررہ پر بوقت دس بجے دن اصالتاً یا وکالتاً حاضر عدالت ہو کر پیروی مقدمہ کرے بصورت دیگر کاروائی یکطرفہ عمل میں لائی جائے گی۔ آج مورخہ کو میرے دستخط اور مہر عدالت سے جاری ہوا۔

سیاسی جماعتوں کے رہنماؤں نے مشترکہ اعلامیہ جاری کرتے ہوئے انتخابی اصلاحات کا مطالبہ کیا ہے۔

بعدالت کی طرف سے مشتہر کیا جاتا ہے کہ مقدمہ مندرجہ بالا میں مسئول علیہ کو بذریعہ سمن طلب کیا گیا مگر تعمیل نہ ہو سکی لہٰذا بذریعہ اشتہار اطلاع دی جاتی ہے کہ وہ مورخہ مقررہ پر بوقت دس بجے دن اصالتاً یا وکالتاً حاضر عدالت ہو کر پیروی مقدمہ کرے بصورت دیگر کاروائی یکطرفہ عمل میں لائی جائے گی۔ آج مورخہ کو میرے دستخط اور مہر عدالت سے جاری ہوا۔

صوبائی کابینہ کے اجلاس میں 56 نکاتی ایجنڈے کی منظوری دی گئی۔

بعدالت کی طرف سے مشتہر کیا جاتا ہے کہ مقدمہ مندرجہ بالا میں مسئول علیہ کو بذریعہ سمن طلب کیا گیا مگر تعمیل نہ ہو سکی لہٰذا بذریعہ اشتہار اطلاع دی جاتی ہے کہ وہ مورخہ مقررہ پر بوقت دس بجے دن اصالتاً یا وکالتاً حاضر عدالت ہو کر پیروی مقدمہ کرے بصورت دیگر کاروائی یکطرفہ عمل میں لائی جائے گی۔ آج مورخہ کو میرے دستخط اور مہر عدالت سے جاری ہوا۔

کھیلوں کے میدان میں قومی ٹیم نے شاندار کارکردگی کا مظاہرہ کیا۔

ملک کے مختلف شہروں میں شدید سردی کی لہر جاری ہے، محکمہ موسمیات کے مطابق آئندہ ہفتے بارش کا امکان ہے۔ شہریوں کو احتیاطی تدابیر اختیار کرنے کی ہدایت کی گئی ہے۔

بعدالت کی طرف سے مشتہر کیا جاتا ہے کہ مقدمہ مندرجہ بالا میں مسئول علیہ کو بذریعہ سمن طلب کیا گیا مگر تعمیل نہ ہو سکی لہٰذا بذریعہ اشتہار اطلاع دی جاتی ہے کہ وہ مورخہ مقررہ پر بوقت دس بجے دن اصالتاً یا وکالتاً حاضر عدالت ہو کر پیروی مقدمہ کرے بصورت دیگر کاروائی یکطرفہ عمل میں لائی جائے گی۔ آج مورخہ کو میرے دستخط اور مہر عدالت سے جاری ہوا۔

پولیس نے کاروائی کرتے ہوئے 350 گرام منشیات برآمد کر کے ملزم کو گرفتار کر لیا، مقدمہ درج کر کے تفتیش شروع کر دی گئی۔

بعدالت کی طرف سے مشتہر کیا جاتا ہے کہ مقدمہ مندرجہ بالا میں مسئول علیہ کو بذریعہ سمن طلب کیا گیا مگر تعمیل نہ ہو سکی لہٰذا بذریعہ اشتہار اطلاع دی جاتی ہے کہ وہ مورخہ مقررہ پر بوقت دس بجے دن اصالتاً یا وکالتاً حاضر عدالت ہو کر پیروی مقدمہ کرے بصورت دیگر کاروائی یکطرفہ عمل میں لائی جائے گی۔ آج مورخہ کو میرے دستخط اور مہر عدالت سے جاری ہوا۔

سیاسی جماعتوں کے رہنماؤں نے مشترکہ اعلامیہ جاری کرتے ہوئے انتخابی اصلاحات کا مطالبہ کیا ہے۔

بعدالت کی طرف سے مشتہر کیا جاتا ہے کہ مقدمہ مندرجہ بالا میں مسئول علیہ کو بذریعہ سمن طلب کیا گیا مگر تعمیل نہ ہو سکی لہٰذا بذریعہ اشتہار اطلاع دی جاتی ہے کہ وہ مورخہ مقررہ پر بوقت دس بجے دن اصالتاً یا وکالتاً حاضر عدالت ہو کر پیروی مقدمہ کرے بصورت دیگر کاروائی یکطرفہ عمل میں لائی جائے گی۔ آج مورخہ کو میرے دستخط اور مہر عدالت سے جاری ہوا۔

صوبائی کابینہ کے اجلاس میں 56 نکاتی ایجنڈے کی منظوری دی گئی۔

بعدالت کی طرف سے مشتہر کیا جاتا ہے کہ مقدمہ مندرجہ بالا میں مسئول علیہ کو بذریعہ سمن طلب کیا گیا مگر تعمیل نہ ہو سکی لہٰذا بذریعہ اشتہار اطلاع دی جاتی ہے کہ وہ مورخہ مقررہ پر بوقت دس بجے دن اصالتاً یا وکالتاً حاضر عدالت ہو کر پیروی مقدمہ کرے بصورت دیگر کاروائی یکطرفہ عمل میں لائی جائے گی۔ آج مورخہ کو میرے دستخط اور مہر عدالت سے جاری ہوا۔

کھیلوں کے میدان میں قومی ٹیم نے شاندار کارکردگی کا مظاہرہ کیا۔

ملک کے مختلف شہروں میں شدید سردی کی لہر جاری ہے، محکمہ موسمیات کے مطابق آئندہ ہفتے بارش کا امکان ہے۔ شہریوں کو احتیاطی تدابیر اختیار کرنے کی ہدایت کی گئی ہے۔

بعدالت کی طرف سے مشتہر کیا جاتا ہے کہ مقدمہ مندرجہ بالا میں مسئول علیہ کو بذریعہ سمن طلب کیا گیا مگر تعمیل نہ ہو سکی لہٰذا بذریعہ اشتہار اطلاع دی جاتی ہے کہ وہ مورخہ مقررہ پر بوقت دس بجے دن اصالتاً یا وکالتاً حاضر عدالت ہو کر پیروی مقدمہ کرے بصورت دیگر کاروائی یکطرفہ عمل میں لائی جائے گی۔ آج مورخہ کو میرے دستخط اور مہر عدالت سے جاری ہوا۔

پولیس نے کاروائی کرتے ہوئے 350 گرام منشیات برآمد کر کے ملزم کو گرفتار کر لیا، مقدمہ درج کر کے تفتیش شروع کر دی گئی۔

بعدالت کی طرف سے مشتہر کیا جاتا ہے کہ مقدمہ مندرجہ بالا میں مسئول علیہ کو بذریعہ سمن طلب کیا گیا مگر تعمیل نہ ہو سکی لہٰذا بذریعہ اشتہار اطلاع دی جاتی ہے کہ وہ مورخہ مقررہ پر بوقت دس بجے دن اصالتاً یا وکالتاً حاضر عدالت ہو کر پیروی مقدمہ کرے بصورت دیگر کاروائی یکطرفہ عمل میں لائی جائے گی۔ آج مورخہ کو میرے دستخط اور مہر عدالت سے جاری ہوا۔

سیاسی جماعتوں کے رہنماؤں نے مشترکہ اعلامیہ جاری کرتے ہوئے انتخابی اصلاحات کا مطالبہ کیا ہے۔

بعدالت کی طرف سے مشتہر کیا جاتا ہے کہ مقدمہ مندرجہ بالا میں مسئول علیہ کو بذریعہ سمن طلب کیا گیا مگر تعمیل نہ ہو سکی لہٰذا بذریعہ اشتہار اطلاع دی جاتی ہے کہ وہ مورخہ مقررہ پر بوقت دس بجے دن اصالتاً یا وکالتاً حاضر عدالت ہو کر پیروی مقدمہ کرے بصورت دیگر کاروائی یکطرفہ عمل میں لائی جائے گی۔ آج مورخہ کو میرے دستخط اور مہر عدالت سے جاری ہوا۔

صوبائی کابینہ کے اجلاس میں 56 نکاتی ایجنڈے کی منظوری دی گئی۔

بعدالت کی طرف سے مشتہر کیا جاتا ہے کہ مقدمہ مندرجہ بالا میں مسئول علیہ کو بذریعہ سمن طلب کیا گیا مگر تعمیل نہ ہو سکی لہٰذا بذریعہ اشتہار اطلاع دی جاتی ہے کہ وہ مورخہ مقررہ پر بوقت دس بجے دن اصالتاً یا وکالتاً حاضر عدالت ہو کر پیروی مقدمہ کرے بصورت دیگر کاروائی یکطرفہ عمل میں لائی جائے گی۔ آج مورخہ کو میرے دستخط اور مہر عدالت سے جاری ہوا۔

کھیلوں کے میدان میں قومی ٹیم نے شاندار کارکردگی کا مظاہرہ کیا۔

ملک کے مختلف شہروں میں شدید سردی کی لہر جاری ہے، محکمہ موسمیات کے مطابق آئندہ ہفتے بارش کا امکان ہے۔ شہریوں کو احتیاطی تدابیر اختیار کرنے کی ہدایت کی گئی ہے۔

بعدالت کی طرف سے مشتہر کیا جاتا ہے کہ مقدمہ مندرجہ بالا میں مسئول علیہ کو بذریعہ سمن طلب کیا گیا مگر تعمیل نہ ہو سکی لہٰذا بذریعہ اشتہار اطلاع دی جاتی ہے کہ وہ مورخہ مقررہ پر بوقت دس بجے دن اصالتاً یا وکالتاً حاضر عدالت ہو کر پیروی مقدمہ کرے بصورت دیگر کاروائی یکطرفہ عمل میں لائی جائے گی۔ آج مورخہ کو میرے دستخط اور مہر عدالت سے جاری ہوا۔

پولیس نے کاروائی کرتے ہوئے 350 گرام منشیات برآمد کر کے ملزم کو گرفتار کر لیا، مقدمہ درج کر کے تفتیش شروع کر دی گئی۔

بعدالت کی طرف سے مشتہر کیا جاتا ہے کہ مقدمہ مندرجہ بالا میں مسئول علیہ کو بذریعہ سمن طلب کیا گیا مگر تعمیل نہ ہو سکی لہٰذا بذریعہ اشتہار اطلاع دی جاتی ہے کہ وہ مورخہ مقررہ پر بوقت دس بجے دن اصالتاً یا وکالتاً حاضر عدالت ہو کر پیروی مقدمہ کرے بصورت دیگر کاروائی یکطرفہ عمل میں لائی جائے گی۔ آج مورخہ کو میرے دستخط اور مہر عدالت سے جاری ہوا۔

سیاسی جماعتوں کے رہنماؤں نے مشترکہ اعلامیہ جاری کرتے ہوئے انتخابی اصلاحات کا مطالبہ کیا ہے۔

بعدالت کی طرف سے مشتہر کیا جاتا ہے کہ مقدمہ مندرجہ بالا میں مسئول علیہ کو بذریعہ سمن طلب کیا گیا مگر تعمیل نہ ہو سکی لہٰذا بذریعہ اشتہار اطلاع دی جاتی ہے کہ وہ مورخہ مقررہ پر بوقت دس بجے دن اصالتاً یا وکالتاً حاضر عدالت ہو کر پیروی مقدمہ کرے بصورت دیگر کاروائی یکطرفہ عمل میں لائی جائے گی۔ آج مورخہ کو میرے دستخط اور مہر عدالت سے جاری ہوا۔

صوبائی کابینہ کے اجلاس میں 56 نکاتی ایجنڈے کی منظوری دی گئی۔

بعدالت کی طرف سے مشتہر کیا جاتا ہے کہ مقدمہ مندرجہ بالا میں مسئول علیہ کو بذریعہ سمن طلب کیا گیا مگر تعمیل نہ ہو سکی لہٰذا بذریعہ اشتہار اطلاع دی جاتی ہے کہ وہ مورخہ مقررہ پر بوقت دس بجے دن اصالتاً یا وکالتاً حاضر عدالت ہو کر پیروی مقدمہ کرے بصورت دیگر کاروائی یکطرفہ عمل میں لائی جائے گی۔ آج مورخہ کو میرے دستخط اور مہر عدالت سے جاری ہوا۔

کھیلوں کے میدان میں قومی ٹیم نے شاندار کارکردگی کا مظاہرہ کیا۔

ملک کے مختلف شہروں میں شدید سردی کی لہر جاری ہے، محکمہ موسمیات کے مطابق آئندہ ہفتے بارش کا امکان ہے۔ شہریوں کو احتیاطی تدابیر اختیار کرنے کی ہدایت کی گئی ہے۔

بعدالت کی طرف سے مشتہر کیا جاتا ہے کہ مقدمہ مندرجہ بالا میں مسئول علیہ کو بذریعہ سمن طلب کیا گیا مگر تعمیل نہ ہو سکی لہٰذا بذریعہ اشتہار اطلاع دی جاتی ہے کہ وہ مورخہ مقررہ پر بوقت دس بجے دن اصالتاً یا وکالتاً حاضر عدالت ہو کر پیروی مقدمہ کرے بصورت دیگر کاروائی یکطرفہ عمل میں لائی جائے گی۔ آج مورخہ کو میرے دستخط اور مہر عدالت سے جاری ہوا۔

پولیس نے کاروائی کرتے ہوئے 350 گرام منشیات برآمد کر کے ملزم کو گرفتار کر لیا، مقدمہ درج کر کے تفتیش شروع کر دی گئی۔

بعدالت کی طرف سے مشتہر کیا جاتا ہے کہ مقدمہ مندرجہ بالا میں مسئول علیہ کو بذریعہ سمن طلب کیا گیا مگر تعمیل نہ ہو سکی لہٰذا بذریعہ اشتہار اطلاع دی جاتی ہے کہ وہ مورخہ مقررہ پر بوقت دس بجے دن اصالتاً یا وکالتاً حاضر عدالت ہو کر پیروی مقدمہ کرے بصورت دیگر کاروائی یکطرفہ عمل میں لائی جائے گی۔ آج مورخہ کو میرے دستخط اور مہر عدالت سے جاری ہوا۔

سیاسی جماعتوں کے رہنماؤں نے مشترکہ اعلامیہ جاری کرتے ہوئے انتخابی اصلاحات کا مطالبہ کیا ہے۔

بعدالت کی طرف سے مشتہر کیا جاتا ہے کہ مقدمہ مندرجہ بالا میں مسئول علیہ کو بذریعہ سمن طلب کیا گیا مگر تعمیل نہ ہو سکی لہٰذا بذریعہ اشتہار اطلاع دی جاتی ہے کہ وہ مورخہ مقررہ پر بوقت دس بجے دن اصالتاً یا وکالتاً حاضر عدالت ہو کر پیروی مقدمہ کرے بصورت دیگر کاروائی یکطرفہ عمل میں لائی جائے گی۔ آج مورخہ کو میرے دستخط اور مہر عدالت سے جاری ہوا۔

صوبائی کابینہ کے اجلاس میں 56 نکاتی ایجنڈے کی منظوری دی گئی۔

بعدالت کی طرف سے مشتہر کیا جاتا ہے کہ مقدمہ مندرجہ بالا میں مسئول علیہ کو بذریعہ سمن طلب کیا گیا مگر تعمیل نہ ہو سکی لہٰذا بذریعہ اشتہار اطلاع دی جاتی ہے کہ وہ مورخہ مقررہ پر بوقت دس بجے دن اصالتاً یا وکالتاً حاضر عدالت ہو کر پیروی مقدمہ کرے بصورت دیگر کاروائی یکطرفہ عمل میں لائی جائے گی۔ آج مورخہ کو میرے دستخط اور مہر عدالت سے جاری ہوا۔

کھیلوں کے میدان میں قومی ٹیم نے شاندار کارکردگی کا مظاہرہ کیا۔

وفاقی حکومت نے دسمبر 2025 کے لیے نئی پالیسی کا اعلان کر دیا، جس کے تحت 2026 سے نئے قواعد نافذ ہوں گے۔

جنہیات	اشتہار	22

بعدالت کی طرف سے مشتہر کیا جاتا ہے کہ مقدمہ مندرجہ بالا میں مسئول علیہ کو بذریعہ سمن طلب کیا گیا مگر تعمیل نہ ہو سکی لہٰذا بذریعہ اشتہار اطلاع دی جاتی ہے کہ وہ مورخہ مقررہ پر بوقت دس بجے دن اصالتاً یا وکالتاً حاضر عدالت ہو کر پیروی مقدمہ کرے بصورت دیگر کاروائی یکطرفہ عمل میں لائی جائے گی۔ آج مورخہ کو میرے دستخط اور مہر عدالت سے جاری ہوا۔

جنہیات	اشتہار	23

سپریم کورٹ نے آئینی درخواستوں کی سماعت کے دوران اہم ریمارکس دیے۔

جنہیات	اشتہار	24

بعدالت کی طرف سے مشتہر کیا جاتا ہے کہ مقدمہ مندرجہ بالا میں مسئول علیہ کو بذریعہ سمن طلب کیا گیا مگر تعمیل نہ ہو سکی لہٰذا بذریعہ اشتہار اطلاع دی جاتی ہے کہ وہ مورخہ مقررہ پر بوقت دس بجے دن اصالتاً یا وکالتاً حاضر عدالت ہو کر پیروی مقدمہ کرے بصورت دیگر کاروائی یکطرفہ عمل میں لائی جائے گی۔ آج مورخہ کو میرے دستخط اور مہر عدالت سے جاری ہوا۔

جنہیات	اشتہار	25

منصوبے کی تکمیل 2027 تک متوقع ہے، حکام کے مطابق کام تیزی سے جاری ہے۔

بعدالت کی طرف سے مشتہر کیا جاتا ہے کہ مقدمہ مندرجہ بالا میں مسئول علیہ کو بذریعہ سمن طلب کیا گیا مگر تعمیل نہ ہو سکی لہٰذا بذریعہ اشتہار اطلاع دی جاتی ہے کہ وہ مورخہ مقررہ پر بوقت دس بجے دن اصالتاً یا وکالتاً حاضر عدالت ہو کر پیروی مقدمہ کرے بصورت دیگر کاروائی یکطرفہ عمل میں لائی جائے گی۔ آج مورخہ کو میرے دستخط اور مہر عدالت سے جاری ہوا۔

جنہیات	اشتہار	26

بعدالت کی طرف سے مشتہر کیا جاتا ہے کہ مقدمہ مندرجہ بالا میں مسئول علیہ کو بذریعہ سمن طلب کیا گیا مگر تعمیل نہ ہو سکی لہٰذا بذریعہ اشتہار اطلاع دی جاتی ہے کہ وہ مورخہ مقررہ پر بوقت دس بجے دن اصالتاً یا وکالتاً حاضر عدالت ہو کر پیروی مقدمہ کرے بصورت دیگر کاروائی یکطرفہ عمل میں لائی جائے گی۔ آج مورخہ کو میرے دستخط اور مہر عدالت سے جاری ہوا۔

جنہیات	اشتہار	27

شہر میں ٹریفک کے مسائل کے حل کے لیے نیا منصوبہ تیار کیا گیا ہے۔

جنہیات	اشتہار	28

بعدالت کی طرف سے مشتہر کیا جاتا ہے کہ مقدمہ مندرجہ بالا میں مسئول علیہ کو بذریعہ سمن طلب کیا گیا مگر تعمیل نہ ہو سکی لہٰذا بذریعہ اشتہار اطلاع دی جاتی ہے کہ وہ مورخہ مقررہ پر بوقت دس بجے دن اصالتاً یا وکالتاً حاضر عدالت ہو کر پیروی مقدمہ کرے بصورت دیگر کاروائی یکطرفہ عمل میں لائی جائے گی۔ آج مورخہ کو میرے دستخط اور مہر عدالت سے جاری ہوا۔

وفاقی حکومت نے دسمبر 2025 کے لیے نئی پالیسی کا اعلان کر دیا، جس کے تحت 2026 سے نئے قواعد نافذ ہوں گے۔

بعدالت کی طرف سے مشتہر کیا جاتا ہے کہ مقدمہ مندرجہ بالا میں مسئول علیہ کو بذریعہ سمن طلب کیا گیا مگر تعمیل نہ ہو سکی لہٰذا بذریعہ اشتہار اطلاع دی جاتی ہے کہ وہ مورخہ مقررہ پر بوقت دس بجے دن اصالتاً یا وکالتاً حاضر عدالت ہو کر پیروی مقدمہ کرے بصورت دیگر کاروائی یکطرفہ عمل میں لائی جائے گی۔ آج مورخہ کو میرے دستخط اور مہر عدالت سے جاری ہوا۔

سپریم کورٹ نے آئینی درخواستوں کی سماعت کے دوران اہم ریمارکس دیے۔

بعدالت کی طرف سے مشتہر کیا جاتا ہے کہ مقدمہ مندرجہ بالا میں مسئول علیہ کو بذریعہ سمن طلب کیا گیا مگر تعمیل نہ ہو سکی لہٰذا بذریعہ اشتہار اطلاع دی جاتی ہے کہ وہ مورخہ مقررہ پر بوقت دس بجے دن اصالتاً یا وکالتاً حاضر عدالت ہو کر پیروی مقدمہ کرے بصورت دیگر کاروائی یکطرفہ عمل میں لائی جائے گی۔ آج مورخہ کو میرے دستخط اور مہر عدالت سے جاری ہوا۔

منصوبے کی تکمیل 2027 تک متوقع ہے، حکام کے مطابق کام تیزی سے جاری ہے۔

بعدالت کی طرف سے مشتہر کیا جاتا ہے کہ مقدمہ مندرجہ بالا میں مسئول علیہ کو بذریعہ سمن طلب کیا گیا مگر تعمیل نہ ہو سکی لہٰذا بذریعہ اشتہار اطلاع دی جاتی ہے کہ وہ مورخہ مقررہ پر بوقت دس بجے دن اصالتاً یا وکالتاً حاضر عدالت ہو کر پیروی مقدمہ کرے بصورت دیگر کاروائی یکطرفہ عمل میں لائی جائے گی۔ آج مورخہ کو میرے دستخط اور مہر عدالت سے جاری ہوا۔

بعدالت کی طرف سے مشتہر کیا جاتا ہے کہ مقدمہ مندرجہ بالا میں مسئول علیہ کو بذریعہ سمن طلب کیا گیا مگر تعمیل نہ ہو سکی لہٰذا بذریعہ اشتہار اطلاع دی جاتی ہے کہ وہ مورخہ مقررہ پر بوقت دس بجے دن اصالتاً یا وکالتاً حاضر عدالت ہو کر پیروی مقدمہ کرے بصورت دیگر کاروائی یکطرفہ عمل میں لائی جائے گی۔ آج مورخہ کو میرے دستخط اور مہر عدالت سے جاری ہوا۔

شہر میں ٹریفک کے مسائل کے حل کے لیے نیا منصوبہ تیار کیا گیا ہے۔

بعدالت کی طرف سے مشتہر کیا جاتا ہے کہ مقدمہ مندرجہ بالا میں مسئول علیہ کو بذریعہ سمن طلب کیا گیا مگر تعمیل نہ ہو سکی لہٰذا بذریعہ اشتہار اطلاع دی جاتی ہے کہ وہ مورخہ مقررہ پر بوقت دس بجے دن اصالتاً یا وکالتاً حاضر عدالت ہو کر پیروی مقدمہ کرے بصورت دیگر کاروائی یکطرفہ عمل میں لائی جائے گی۔ آج مورخہ کو میرے دستخط اور مہر عدالت سے جاری ہوا۔

وفاقی حکومت نے دسمبر 2025 کے لیے نئی پالیسی کا اعلان کر دیا، جس کے تحت 2026 سے نئے قواعد نافذ ہوں گے۔

بعدالت کی طرف سے مشتہر کیا جاتا ہے کہ مقدمہ مندرجہ بالا میں مسئول علیہ کو بذریعہ سمن طلب کیا گیا مگر تعمیل نہ ہو سکی لہٰذا بذریعہ اشتہار اطلاع دی جاتی ہے کہ وہ مورخہ مقررہ پر بوقت دس بجے دن اصالتاً یا وکالتاً حاضر عدالت ہو کر پیروی مقدمہ کرے بصورت دیگر کاروائی یکطرفہ عمل میں لائی جائے گی۔ آج مورخہ کو میرے دستخط اور مہر عدالت سے جاری ہوا۔

سپریم کورٹ نے آئینی درخواستوں کی سماعت کے دوران اہم ریمارکس دیے۔

بعدالت کی طرف سے مشتہر کیا جاتا ہے کہ مقدمہ مندرجہ بالا میں مسئول علیہ کو بذریعہ سمن طلب کیا گیا مگر تعمیل نہ ہو سکی لہٰذا بذریعہ اشتہار اطلاع دی جاتی ہے کہ وہ مورخہ مقررہ پر بوقت دس بجے دن اصالتاً یا وکالتاً حاضر عدالت ہو کر پیروی مقدمہ کرے بصورت دیگر کاروائی یکطرفہ عمل میں لائی جائے گی۔ آج مورخہ کو میرے دستخط اور مہر عدالت سے جاری ہوا۔

منصوبے کی تکمیل 2027 تک متوقع ہے، حکام کے مطابق کام تیزی سے جاری ہے۔

بعدالت کی طرف سے مشتہر کیا جاتا ہے کہ مقدمہ مندرجہ بالا میں مسئول علیہ کو بذریعہ سمن طلب کیا گیا مگر تعمیل نہ ہو سکی لہٰذا بذریعہ اشتہار اطلاع دی جاتی ہے کہ وہ مورخہ مقررہ پر بوقت دس بجے دن اصالتاً یا وکالتاً حاضر عدالت ہو کر پیروی مقدمہ کرے بصورت دیگر کاروائی یکطرفہ عمل میں لائی جائے گی۔ آج مورخہ کو میرے دستخط اور مہر عدالت سے جاری ہوا۔

بعدالت کی طرف سے مشتہر کیا جاتا ہے کہ مقدمہ مندرجہ بالا میں مسئول علیہ کو بذریعہ سمن طلب کیا گیا مگر تعمیل نہ ہو سکی لہٰذا بذریعہ اشتہار اطلاع دی جاتی ہے کہ وہ مورخہ مقررہ پر بوقت دس بجے دن اصالتاً یا وکالتاً حاضر عدالت ہو کر پیروی مقدمہ کرے بصورت دیگر کاروائی یکطرفہ عمل میں لائی جائے گی۔ آج مورخہ کو میرے دستخط اور مہر عدالت سے جاری ہوا۔

شہر میں ٹریفک کے مسائل کے حل کے لیے نیا منصوبہ تیار کیا گیا ہے۔

بعدالت کی طرف سے مشتہر کیا جاتا ہے کہ مقدمہ مندرجہ بالا میں مسئول علیہ کو بذریعہ سمن طلب کیا گیا مگر تعمیل نہ ہو سکی لہٰذا بذریعہ اشتہار اطلاع دی جاتی ہے کہ وہ مورخہ مقررہ پر بوقت دس بجے دن اصالتاً یا وکالتاً حاضر عدالت ہو کر پیروی مقدمہ کرے بصورت دیگر کاروائی یکطرفہ عمل میں لائی جائے گی۔ آج مورخہ کو میرے دستخط اور مہر عدالت سے جاری ہوا۔

وفاقی حکومت نے دسمبر 2025 کے لیے نئی پالیسی کا اعلان کر دیا، جس کے تحت 2026 سے نئے قواعد نافذ ہوں گے۔

بعدالت کی طرف سے مشتہر کیا جاتا ہے کہ مقدمہ مندرجہ بالا میں مسئول علیہ کو بذریعہ سمن طلب کیا گیا مگر تعمیل نہ ہو سکی لہٰذا بذریعہ اشتہار اطلاع دی جاتی ہے کہ وہ مورخہ مقررہ پر بوقت دس بجے دن اصالتاً یا وکالتاً حاضر عدالت ہو کر پیروی مقدمہ کرے بصورت دیگر کاروائی یکطرفہ عمل میں لائی جائے گی۔ آج مورخہ کو میرے دستخط اور مہر عدالت سے جاری ہوا۔

سپریم کورٹ نے آئینی درخواستوں کی سماعت کے دوران اہم ریمارکس دیے۔

بعدالت کی طرف سے مشتہر کیا جاتا ہے کہ مقدمہ مندرجہ بالا میں مسئول علیہ کو بذریعہ سمن طلب کیا گیا مگر تعمیل نہ ہو سکی لہٰذا بذریعہ اشتہار اطلاع دی جاتی ہے کہ وہ مورخہ مقررہ پر بوقت دس بجے دن اصالتاً یا وکالتاً حاضر عدالت ہو کر پیروی مقدمہ کرے بصورت دیگر کاروائی یکطرفہ عمل میں لائی جائے گی۔ آج مورخہ کو میرے دستخط اور مہر عدالت سے جاری ہوا۔

منصوبے کی تکمیل 2027 تک متوقع ہے، حکام کے مطابق کام تیزی سے جاری ہے۔

بعدالت کی طرف سے مشتہر کیا جاتا ہے کہ مقدمہ مندرجہ بالا میں مسئول علیہ کو بذریعہ سمن طلب کیا گیا مگر تعمیل نہ ہو سکی لہٰذا بذریعہ اشتہار اطلاع دی جاتی ہے کہ وہ مورخہ مقررہ پر بوقت دس بجے دن اصالتاً یا وکالتاً حاضر عدالت ہو کر پیروی مقدمہ کرے بصورت دیگر کاروائی یکطرفہ عمل میں لائی جائے گی۔ آج مورخہ کو میرے دستخط اور مہر عدالت سے جاری ہوا۔

بعدالت کی طرف سے مشتہر کیا جاتا ہے کہ مقدمہ مندرجہ بالا میں مسئول علیہ کو بذریعہ سمن طلب کیا گیا مگر تعمیل نہ ہو سکی لہٰذا بذریعہ اشتہار اطلاع دی جاتی ہے کہ وہ مورخہ مقررہ پر بوقت دس بجے دن اصالتاً یا وکالتاً حاضر عدالت ہو کر پیروی مقدمہ کرے بصورت دیگر کاروائی یکطرفہ عمل میں لائی جائے گی۔ آج مورخہ کو میرے دستخط اور مہر عدالت سے جاری ہوا۔

شہر میں ٹریفک کے مسائل کے حل کے لیے نیا منصوبہ تیار کیا گیا ہے۔

بعدالت کی طرف سے مشتہر کیا جاتا ہے کہ مقدمہ مندرجہ بالا میں مسئول علیہ کو بذریعہ سمن طلب کیا گیا مگر تعمیل نہ ہو سکی لہٰذا بذریعہ اشتہار اطلاع دی جاتی ہے کہ وہ مورخہ مقررہ پر بوقت دس بجے دن اصالتاً یا وکالتاً حاضر عدالت ہو کر پیروی مقدمہ کرے بصورت دیگر کاروائی یکطرفہ عمل میں لائی جائے گی۔ آج مورخہ کو میرے دستخط اور مہر عدالت سے جاری ہوا۔

وفاقی حکومت نے دسمبر 2025 کے لیے نئی پالیسی کا اعلان کر دیا، جس کے تحت 2026 سے نئے قواعد نافذ ہوں گے۔

بعدالت کی طرف سے مشتہر کیا جاتا ہے کہ مقدمہ مندرجہ بالا میں مسئول علیہ کو بذریعہ سمن طلب کیا گیا مگر تعمیل نہ ہو سکی لہٰذا بذریعہ اشتہار اطلاع دی جاتی ہے کہ وہ مورخہ مقررہ پر بوقت دس بجے دن اصالتاً یا وکالتاً حاضر عدالت ہو کر پیروی مقدمہ کرے بصورت دیگر کاروائی یکطرفہ عمل میں لائی جائے گی۔ آج مورخہ کو میرے دستخط اور مہر عدالت سے جاری ہوا۔

سپریم کورٹ نے آئینی درخواستوں کی سماعت کے دوران اہم ریمارکس دیے۔

بعدالت کی طرف سے مشتہر کیا جاتا ہے کہ مقدمہ مندرجہ بالا میں مسئول علیہ کو بذریعہ سمن طلب کیا گیا مگر تعمیل نہ ہو سکی لہٰذا بذریعہ اشتہار اطلاع دی جاتی ہے کہ وہ مورخہ مقررہ پر بوقت دس بجے دن اصالتاً یا وکالتاً حاضر عدالت ہو کر پیروی مقدمہ کرے بصورت دیگر کاروائی یکطرفہ عمل میں لائی جائے گی۔ آج مورخہ کو میرے دستخط اور مہر عدالت سے جاری ہوا۔

منصوبے کی تکمیل 2027 تک متوقع ہے، حکام کے مطابق کام تیزی سے جاری ہے۔

بعدالت کی طرف سے مشتہر کیا جاتا ہے کہ مقدمہ مندرجہ بالا میں مسئول علیہ کو بذریعہ سمن طلب کیا گیا مگر تعمیل نہ ہو سکی لہٰذا بذریعہ اشتہار اطلاع دی جاتی ہے کہ وہ مورخہ مقررہ پر بوقت دس بجے دن اصالتاً یا وکالتاً حاضر عدالت ہو کر پیروی مقدمہ کرے بصورت دیگر کاروائی یکطرفہ عمل میں لائی جائے گی۔ آج مورخہ کو میرے دستخط اور مہر عدالت سے جاری ہوا۔

بعدالت کی طرف سے مشتہر کیا جاتا ہے کہ مقدمہ مندرجہ بالا میں مسئول علیہ کو بذریعہ سمن طلب کیا گیا مگر تعمیل نہ ہو سکی لہٰذا بذریعہ اشتہار اطلاع دی جاتی ہے کہ وہ مورخہ مقررہ پر بوقت دس بجے دن اصالتاً یا وکالتاً حاضر عدالت ہو کر پیروی مقدمہ کرے بصورت دیگر کاروائی یکطرفہ عمل میں لائی جائے گی۔ آج مورخہ کو میرے دستخط اور مہر عدالت سے جاری ہوا۔

شہر میں ٹریفک کے مسائل کے حل کے لیے نیا منصوبہ تیار کیا گیا ہے۔

بعدالت کی طرف سے مشتہر کیا جاتا ہے کہ مقدمہ مندرجہ بالا میں مسئول علیہ کو بذریعہ سمن طلب کیا گیا مگر تعمیل نہ ہو سکی لہٰذا بذریعہ اشتہار اطلاع دی جاتی ہے کہ وہ مورخہ مقررہ پر بوقت دس بجے دن اصالتاً یا وکالتاً حاضر عدالت ہو کر پیروی مقدمہ کرے بصورت دیگر کاروائی یکطرفہ عمل میں لائی جائے گی۔ آج مورخہ کو میرے دستخط اور مہر عدالت سے جاری ہوا۔

وفاقی حکومت نے دسمبر 2025 کے لیے نئی پالیسی کا اعلان کر دیا، جس کے تحت 2026 سے نئے قواعد نافذ ہوں گے۔

بعدالت کی طرف سے مشتہر کیا جاتا ہے کہ مقدمہ مندرجہ بالا میں مسئول علیہ کو بذریعہ سمن طلب کیا گیا مگر تعمیل نہ ہو سکی لہٰذا بذریعہ اشتہار اطلاع دی جاتی ہے کہ وہ مورخہ مقررہ پر بوقت دس بجے دن اصالتاً یا وکالتاً حاضر عدالت ہو کر پیروی مقدمہ کرے بصورت دیگر کاروائی یکطرفہ عمل میں لائی جائے گی۔ آج مورخہ کو میرے دستخط اور مہر عدالت سے جاری ہوا۔

سپریم کورٹ نے آئینی درخواستوں کی سماعت کے دوران اہم ریمارکس دیے۔

بعدالت کی طرف سے مشتہر کیا جاتا ہے کہ مقدمہ مندرجہ بالا میں مسئول علیہ کو بذریعہ سمن طلب کیا گیا مگر تعمیل نہ ہو سکی لہٰذا بذریعہ اشتہار اطلاع دی جاتی ہے کہ وہ مورخہ مقررہ پر بوقت دس بجے دن اصالتاً یا وکالتاً حاضر عدالت ہو کر پیروی مقدمہ کرے بصورت دیگر کاروائی یکطرفہ عمل میں لائی جائے گی۔ آج مورخہ کو میرے دستخط اور مہر عدالت سے جاری ہوا۔

منصوبے کی تکمیل 2027 تک متوقع ہے، حکام کے مطابق کام تیزی سے جاری ہے۔

بعدالت کی طرف سے مشتہر کیا جاتا ہے کہ مقدمہ مندرجہ بالا میں مسئول علیہ کو بذریعہ سمن طلب کیا گیا مگر تعمیل نہ ہو سکی لہٰذا بذریعہ اشتہار اطلاع دی جاتی ہے کہ وہ مورخہ مقررہ پر بوقت دس بجے دن اصالتاً یا وکالتاً حاضر عدالت ہو کر پیروی مقدمہ کرے بصورت دیگر کاروائی یکطرفہ عمل میں لائی جائے گی۔ آج مورخہ کو میرے دستخط اور مہر عدالت سے جاری ہوا۔

بعدالت کی طرف سے مشتہر کیا جاتا ہے کہ مقدمہ مندرجہ بالا میں مسئول علیہ کو بذریعہ سمن طلب کیا گیا مگر تعمیل نہ ہو سکی لہٰذا بذریعہ اشتہار اطلاع دی جاتی ہے کہ وہ مورخہ مقررہ پر بوقت دس بجے دن اصالتاً یا وکالتاً حاضر عدالت ہو کر پیروی مقدمہ کرے بصورت دیگر کاروائی یکطرفہ عمل میں لائی جائے گی۔ آج مورخہ کو میرے دستخط اور مہر عدالت سے جاری ہوا۔

شہر میں ٹریفک کے مسائل کے حل کے لیے نیا منصوبہ تیار کیا گیا ہے۔

بعدالت کی طرف سے مشتہر کیا جاتا ہے کہ مقدمہ مندرجہ بالا میں مسئول علیہ کو بذریعہ سمن طلب کیا گیا مگر تعمیل نہ ہو سکی لہٰذا بذریعہ اشتہار اطلاع دی جاتی ہے کہ وہ مورخہ مقررہ پر بوقت دس بجے دن اصالتاً یا وکالتاً حاضر عدالت ہو کر پیروی مقدمہ کرے بصورت دیگر کاروائی یکطرفہ عمل میں لائی جائے گی۔ آج مورخہ کو میرے دستخط اور مہر عدالت سے جاری ہوا۔

ORIC کے زیر اہتمام سیمینار منعقد ہوا جس میں ماہرین نے تحقیق کی اہمیت پر روشنی ڈالی۔

AD(Legal)/SHEC/1-50/2024 مورخہ 11 نومبر 2024 کے تحت جاری کردہ احکامات پر عمل درآمد کیا جائے۔ 24 اکتوبر 2024 کو اجلاس منعقد ہوا۔

جنہیات	اشتہار	29

یونیورسٹی انتظامیہ نے 250 طلبہ کے لیے وظائف کا اعلان کیا، 12 اضلاع کے طلبہ مستفید ہوں گے۔ 86 فیصد نتائج تسلی بخش رہے۔

جنہیات	اشتہار	30

بعدالت کی طرف سے مشتہر کیا جاتا ہے کہ مقدمہ مندرجہ بالا میں مسئول علیہ کو بذریعہ سمن طلب کیا گیا مگر تعمیل نہ ہو سکی لہٰذا بذریعہ اشتہار اطلاع دی جاتی ہے کہ وہ مورخہ مقررہ پر بوقت دس بجے دن اصالتاً یا وکالتاً حاضر عدالت ہو کر پیروی مقدمہ کرے بصورت دیگر کاروائی یکطرفہ عمل میں لائی جائے گی۔ آج مورخہ کو میرے دستخط اور مہر عدالت سے جاری ہوا۔

مقدمہ کی سماعت مورخہ 21 دسمبر کو مقرر کی گئی ہے۔

بعدالت کی طرف سے مشتہر کیا جاتا ہے کہ مقدمہ مندرجہ بالا میں مسئول علیہ کو بذریعہ سمن طلب کیا گیا مگر تعمیل نہ ہو سکی لہٰذا بذریعہ اشتہار اطلاع دی جاتی ہے کہ وہ مورخہ مقررہ پر بوقت دس بجے دن اصالتاً یا وکالتاً حاضر عدالت ہو کر پیروی مقدمہ کرے بصورت دیگر کاروائی یکطرفہ عمل میں لائی جائے گی۔ آج مورخہ کو میرے دستخط اور مہر عدالت سے جاری ہوا۔

جنہیات	اشتہار	31

بعدالت کی طرف سے مشتہر کیا جاتا ہے کہ مقدمہ مندرجہ بالا میں مسئول علیہ کو بذریعہ سمن طلب کیا گیا مگر تعمیل نہ ہو سکی لہٰذا بذریعہ اشتہار اطلاع دی جاتی ہے کہ وہ مورخہ مقررہ پر بوقت دس بجے دن اصالتاً یا وکالتاً حاضر عدالت ہو کر پیروی مقدمہ کرے بصورت دیگر کاروائی یکطرفہ عمل میں لائی جائے گی۔ آج مورخہ کو میرے دستخط اور مہر عدالت سے جاری ہوا۔

ORIC کے زیر اہتمام سیمینار منعقد ہوا جس میں ماہرین نے تحقیق کی اہمیت پر روشنی ڈالی۔

AD(Legal)/SHEC/1-50/2024 مورخہ 11 نومبر 2024 کے تحت جاری کردہ احکامات پر عمل درآمد کیا جائے۔ 24 اکتوبر 2024 کو اجلاس منعقد ہوا۔

یونیورسٹی انتظامیہ نے 250 طلبہ کے لیے وظائف کا اعلان کیا، 12 اضلاع کے طلبہ مستفید ہوں گے۔ 86 فیصد نتائج تسلی بخش رہے۔

بعدالت کی طرف سے مشتہر کیا جاتا ہے کہ مقدمہ مندرجہ بالا میں مسئول علیہ کو بذریعہ سمن طلب کیا گیا مگر تعمیل نہ ہو سکی لہٰذا بذریعہ اشتہار اطلاع دی جاتی ہے کہ وہ مورخہ مقررہ پر بوقت دس بجے دن اصالتاً یا وکالتاً حاضر عدالت ہو کر پیروی مقدمہ کرے بصورت دیگر کاروائی یکطرفہ عمل میں لائی جائے گی۔ آج مورخہ کو میرے دستخط اور مہر عدالت سے جاری ہوا۔

مقدمہ کی سماعت مورخہ 21 دسمبر کو مقرر کی گئی ہے۔

بعدالت کی طرف سے مشتہر کیا جاتا ہے کہ مقدمہ مندرجہ بالا میں مسئول علیہ کو بذریعہ سمن طلب کیا گیا مگر تعمیل نہ ہو سکی لہٰذا بذریعہ اشتہار اطلاع دی جاتی ہے کہ وہ مورخہ مقررہ پر بوقت دس بجے دن اصالتاً یا وکالتاً حاضر عدالت ہو کر پیروی مقدمہ کرے بصورت دیگر کاروائی یکطرفہ عمل میں لائی جائے گی۔ آج مورخہ کو میرے دستخط اور مہر عدالت سے جاری ہوا۔

بعدالت کی طرف سے مشتہر کیا جاتا ہے کہ مقدمہ مندرجہ بالا میں مسئول علیہ کو بذریعہ سمن طلب کیا گیا مگر تعمیل نہ ہو سکی لہٰذا بذریعہ اشتہار اطلاع دی جاتی ہے کہ وہ مورخہ مقررہ پر بوقت دس بجے دن اصالتاً یا وکالتاً حاضر عدالت ہو کر پیروی مقدمہ کرے بصورت دیگر کاروائی یکطرفہ عمل میں لائی جائے گی۔ آج مورخہ کو میرے دستخط اور مہر عدالت سے جاری ہوا۔

ORIC کے زیر اہتمام سیمینار منعقد ہوا جس میں ماہرین نے تحقیق کی اہمیت پر روشنی ڈالی۔

AD(Legal)/SHEC/1-50/2024 مورخہ 11 نومبر 2024 کے تحت جاری کردہ احکامات پر عمل درآمد کیا جائے۔ 24 اکتوبر 2024 کو اجلاس منعقد ہوا۔

یونیورسٹی انتظامیہ نے 250 طلبہ کے لیے وظائف کا اعلان کیا، 12 اضلاع کے طلبہ مستفید ہوں گے۔ 86 فیصد نتائج تسلی بخش رہے۔

بعدالت کی طرف سے مشتہر کیا جاتا ہے کہ مقدمہ مندرجہ بالا میں مسئول علیہ کو بذریعہ سمن طلب کیا گیا مگر تعمیل نہ ہو سکی لہٰذا بذریعہ اشتہار اطلاع دی جاتی ہے کہ وہ مورخہ مقررہ پر بوقت دس بجے دن اصالتاً یا وکالتاً حاضر عدالت ہو کر پیروی مقدمہ کرے بصورت دیگر کاروائی یکطرفہ عمل میں لائی جائے گی۔ آج مورخہ کو میرے دستخط اور مہر عدالت سے جاری ہوا۔

مقدمہ کی سماعت مورخہ 21 دسمبر کو مقرر کی گئی ہے۔

بعدالت کی طرف سے مشتہر کیا جاتا ہے کہ مقدمہ مندرجہ بالا میں مسئول علیہ کو بذریعہ سمن طلب کیا گیا مگر تعمیل نہ ہو سکی لہٰذا بذریعہ اشتہار اطلاع دی جاتی ہے کہ وہ مورخہ مقررہ پر بوقت دس بجے دن اصالتاً یا وکالتاً حاضر عدالت ہو کر پیروی مقدمہ کرے بصورت دیگر کاروائی یکطرفہ عمل میں لائی جائے گی۔ آج مورخہ کو میرے دستخط اور مہر عدالت سے جاری ہوا۔

بعدالت کی طرف سے مشتہر کیا جاتا ہے کہ مقدمہ مندرجہ بالا میں مسئول علیہ کو بذریعہ سمن طلب کیا گیا مگر تعمیل نہ ہو سکی لہٰذا بذریعہ اشتہار اطلاع دی جاتی ہے کہ وہ مورخہ مقررہ پر بوقت دس بجے دن اصالتاً یا وکالتاً حاضر عدالت ہو کر پیروی مقدمہ کرے بصورت دیگر کاروائی یکطرفہ عمل میں لائی جائے گی۔ آج مورخہ کو میرے دستخط اور مہر عدالت سے جاری ہوا۔

ORIC کے زیر اہتمام سیمینار منعقد ہوا جس میں ماہرین نے تحقیق کی اہمیت پر روشنی ڈالی۔

AD(Legal)/SHEC/1-50/2024 مورخہ 11 نومبر 2024 کے تحت جاری کردہ احکامات پر عمل درآمد کیا جائے۔ 24 اکتوبر 2024 کو اجلاس منعقد ہوا۔

یونیورسٹی انتظامیہ نے 250 طلبہ کے لیے وظائف کا اعلان کیا، 12 اضلاع کے طلبہ مستفید ہوں گے۔ 86 فیصد نتائج تسلی بخش رہے۔

بعدالت کی طرف سے مشتہر کیا جاتا ہے کہ مقدمہ مندرجہ بالا میں مسئول علیہ کو بذریعہ سمن طلب کیا گیا مگر تعمیل نہ ہو سکی لہٰذا بذریعہ اشتہار اطلاع دی جاتی ہے کہ وہ مورخہ مقررہ پر بوقت دس بجے دن اصالتاً یا وکالتاً حاضر عدالت ہو کر پیروی مقدمہ کرے بصورت دیگر کاروائی یکطرفہ عمل میں لائی جائے گی۔ آج مورخہ کو میرے دستخط اور مہر عدالت سے جاری ہوا۔

مقدمہ کی سماعت مورخہ 21 دسمبر کو مقرر کی گئی ہے۔

بعدالت کی طرف سے مشتہر کیا جاتا ہے کہ مقدمہ مندرجہ بالا میں مسئول علیہ کو بذریعہ سمن طلب کیا گیا مگر تعمیل نہ ہو سکی لہٰذا بذریعہ اشتہار اطلاع دی جاتی ہے کہ وہ مورخہ مقررہ پر بوقت دس بجے دن اصالتاً یا وکالتاً حاضر عدالت ہو کر پیروی مقدمہ کرے بصورت دیگر کاروائی یکطرفہ عمل میں لائی جائے گی۔ آج مورخہ کو میرے دستخط اور مہر عدالت سے جاری ہوا۔

بعدالت کی طرف سے مشتہر کیا جاتا ہے کہ مقدمہ مندرجہ بالا میں مسئول علیہ کو بذریعہ سمن طلب کیا گیا مگر تعمیل نہ ہو سکی لہٰذا بذریعہ اشتہار اطلاع دی جاتی ہے کہ وہ مورخہ مقررہ پر بوقت دس بجے دن اصالتاً یا وکالتاً حاضر عدالت ہو کر پیروی مقدمہ کرے بصورت دیگر کاروائی یکطرفہ عمل میں لائی جائے گی۔ آج مورخہ کو میرے دستخط اور مہر عدالت سے جاری ہوا۔

ORIC کے زیر اہتمام سیمینار منعقد ہوا جس میں ماہرین نے تحقیق کی اہمیت پر روشنی ڈالی۔

AD(Legal)/SHEC/1-50/2024 مورخہ 11 نومبر 2024 کے تحت جاری کردہ احکامات پر عمل درآمد کیا جائے۔ 24 اکتوبر 2024 کو اجلاس منعقد ہوا۔

یونیورسٹی انتظامیہ نے 250 طلبہ کے لیے وظائف کا اعلان کیا، 12 اضلاع کے طلبہ مستفید ہوں گے۔ 86 فیصد نتائج تسلی بخش رہے۔

بعدالت کی طرف سے مشتہر کیا جاتا ہے کہ مقدمہ مندرجہ بالا میں مسئول علیہ کو بذریعہ سمن طلب کیا گیا مگر تعمیل نہ ہو سکی لہٰذا بذریعہ اشتہار اطلاع دی جاتی ہے کہ وہ مورخہ مقررہ پر بوقت دس بجے دن اصالتاً یا وکالتاً حاضر عدالت ہو کر پیروی مقدمہ کرے بصورت دیگر کاروائی یکطرفہ عمل میں لائی جائے گی۔ آج مورخہ کو میرے دستخط اور مہر عدالت سے جاری ہوا۔

مقدمہ کی سماعت مورخہ 21 دسمبر کو مقرر کی گئی ہے۔

بعدالت کی طرف سے مشتہر کیا جاتا ہے کہ مقدمہ مندرجہ بالا میں مسئول علیہ کو بذریعہ سمن طلب کیا گیا مگر تعمیل نہ ہو سکی لہٰذا بذریعہ اشتہار اطلاع دی جاتی ہے کہ وہ مورخہ مقررہ پر بوقت دس بجے دن اصالتاً یا وکالتاً حاضر عدالت ہو کر پیروی مقدمہ کرے بصورت دیگر کاروائی یکطرفہ عمل میں لائی جائے گی۔ آج مورخہ کو میرے دستخط اور مہر عدالت سے جاری ہوا۔

بعدالت کی طرف سے مشتہر کیا جاتا ہے کہ مقدمہ مندرجہ بالا میں مسئول علیہ کو بذریعہ سمن طلب کیا گیا مگر تعمیل نہ ہو سکی لہٰذا بذریعہ اشتہار اطلاع دی جاتی ہے کہ وہ مورخہ مقررہ پر بوقت دس بجے دن اصالتاً یا وکالتاً حاضر عدالت ہو کر پیروی مقدمہ کرے بصورت دیگر کاروائی یکطرفہ عمل میں لائی جائے گی۔ آج مورخہ کو میرے دستخط اور مہر عدالت سے جاری ہوا۔

ORIC کے زیر اہتمام سیمینار منعقد ہوا جس میں ماہرین نے تحقیق کی اہمیت پر روشنی ڈالی۔

AD(Legal)/SHEC/1-50/2024 مورخہ 11 نومبر 2024 کے تحت جاری کردہ احکامات پر عمل درآمد کیا جائے۔ 24 اکتوبر 2024 کو اجلاس منعقد ہوا۔

یونیورسٹی انتظامیہ نے 250 طلبہ کے لیے وظائف کا اعلان کیا، 12 اضلاع کے طلبہ مستفید ہوں گے۔ 86 فیصد نتائج تسلی بخش رہے۔

بعدالت کی طرف سے مشتہر کیا جاتا ہے کہ مقدمہ مندرجہ بالا میں مسئول علیہ کو بذریعہ سمن طلب کیا گیا مگر تعمیل نہ ہو سکی لہٰذا بذریعہ اشتہار اطلاع دی جاتی ہے کہ وہ مورخہ مقررہ پر بوقت دس بجے دن اصالتاً یا وکالتاً حاضر عدالت ہو کر پیروی مقدمہ کرے بصورت دیگر کاروائی یکطرفہ عمل میں لائی جائے گی۔ آج مورخہ کو میرے دستخط اور مہر عدالت سے جاری ہوا۔

مقدمہ کی سماعت مورخہ 21 دسمبر کو مقرر کی گئی ہے۔

بعدالت کی طرف سے مشتہر کیا جاتا ہے کہ مقدمہ مندرجہ بالا میں مسئول علیہ کو بذریعہ سمن طلب کیا گیا مگر تعمیل نہ ہو سکی لہٰذا بذریعہ اشتہار اطلاع دی جاتی ہے کہ وہ مورخہ مقررہ پر بوقت دس بجے دن اصالتاً یا وکالتاً حاضر عدالت ہو کر پیروی مقدمہ کرے بصورت دیگر کاروائی یکطرفہ عمل میں لائی جائے گی۔ آج مورخہ کو میرے دستخط اور مہر عدالت سے جاری ہوا۔

بعدالت کی طرف سے مشتہر کیا جاتا ہے کہ مقدمہ مندرجہ بالا میں مسئول علیہ کو بذریعہ سمن طلب کیا گیا مگر تعمیل نہ ہو سکی لہٰذا بذریعہ اشتہار اطلاع دی جاتی ہے کہ وہ مورخہ مقررہ پر بوقت دس بجے دن اصالتاً یا وکالتاً حاضر عدالت ہو کر پیروی مقدمہ کرے بصورت دیگر کاروائی یکطرفہ عمل میں لائی جائے گی۔ آج مورخہ کو میرے دستخط اور مہر عدالت سے جاری ہوا۔

پاکستان کے حقوق کی صورت حال پر رپورٹ جاری کی گئی جس میں مختلف شعبوں کا جائزہ لیا گیا۔

جنہیات	اشتہار	32

پچھلے سال 10 لاکھ 8 ہزار افراد مستفید ہوئے، 13 اضلاع میں 83 ہزار گھرانوں کو امداد فراہم کی گئی۔ 12 ہزار نئے کنکشن، 31 ہزار 8 سو شکایات کا ازالہ، 21 ہزار 4 سو، 933 اور 400 افراد کو روزگار۔

جنہیات	اشتہار	33

بعدالت کی طرف سے مشتہر کیا جاتا ہے کہ مقدمہ مندرجہ بالا میں مسئول علیہ کو بذریعہ سمن طلب کیا گیا مگر تعمیل نہ ہو سکی لہٰذا بذریعہ اشتہار اطلاع دی جاتی ہے کہ وہ مورخہ مقررہ پر بوقت دس بجے دن اصالتاً یا وکالتاً حاضر عدالت ہو کر پیروی مقدمہ کرے بصورت دیگر کاروائی یکطرفہ عمل میں لائی جائے گی۔ آج مورخہ کو میرے دستخط اور مہر عدالت سے جاری ہوا۔

بعدالت جناب محمد عثمان صاحب
سیشن جج / رینٹ کنٹرولر

مقدمہ نمبر 340 سال 2025 مورخہ 18 دسمبر، آئندہ تاریخ پیشی 15.01.2026 مقرر ہے۔

بعدالت جناب چوہدری رضوان علی
صاحب تحصیلدار / ACI اٹک

بعدالت کی طرف سے مشتہر کیا جاتا ہے کہ مقدمہ مندرجہ بالا میں مسئول علیہ کو بذریعہ سمن طلب کیا گیا مگر تعمیل نہ ہو سکی لہٰذا بذریعہ اشتہار اطلاع دی جاتی ہے کہ وہ مورخہ مقررہ پر بوقت دس بجے دن اصالتاً یا وکالتاً حاضر عدالت ہو کر پیروی مقدمہ کرے بصورت دیگر کاروائی یکطرفہ عمل میں لائی جائے گی۔ آج مورخہ کو میرے دستخط اور مہر عدالت سے جاری ہوا۔

تاریخ پیشی 26.12.2025

گمشدگی پاسپورٹ

میرا پاسپورٹ نمبر HJ1825451 گم ہو گیا ہے، ملنے کی صورت میں مطلع کریں۔

بعدالت جناب عثمان حمید
صاحب سول جج چکوال

مقدمہ دائر کردہ 23-12-2025 تاریخ پیشی مقرر ہے۔

بعدالت جناب ندیم احمد
صاحب سینئر سول جج فیملی ڈویژن چکوال

دفعہ 07 MCB-2/192 مقدمہ نمبر 207 سال 3888 رقم 2129 منجانب 4845/3407 تاریخ پیشی 24-12-2025

بعدالت جناب فرخ علی
صاحب سینئر سول جج فیملی ڈویژن چکوال

مقدمہ 49948 مورخہ 07-08-2015 رقم 50 ہزار 48561 تاریخ 06-01-2026

بعدالت جناب محمد وقاص
صاحب تحصیلدار کلر سیداں

بعدالت کی طرف سے مشتہر کیا جاتا ہے کہ مقدمہ مندرجہ بالا میں مسئول علیہ کو بذریعہ سمن طلب کیا گیا مگر تعمیل نہ ہو سکی لہٰذا بذریعہ اشتہار اطلاع دی جاتی ہے کہ وہ مورخہ مقررہ پر بوقت دس بجے دن اصالتاً یا وکالتاً حاضر عدالت ہو کر پیروی مقدمہ کرے بصورت دیگر کاروائی یکطرفہ عمل میں لائی جائے گی۔ آج مورخہ کو میرے دستخط اور مہر عدالت سے جاری ہوا۔

مقدمہ نمبر 25 سال 2015

پاکستان کے حقوق کی صورت حال پر رپورٹ جاری کی گئی جس میں مختلف شعبوں کا جائزہ لیا گیا۔

پچھلے سال 10 لاکھ 8 ہزار افراد مستفید ہوئے، 13 اضلاع میں 83 ہزار گھرانوں کو امداد فراہم کی گئی۔ 12 ہزار نئے کنکشن، 31 ہزار 8 سو شکایات کا ازالہ، 21 ہزار 4 سو، 933 اور 400 افراد کو روزگار۔

بعدالت کی طرف سے مشتہر کیا جاتا ہے کہ مقدمہ مندرجہ بالا میں مسئول علیہ کو بذریعہ سمن طلب کیا گیا مگر تعمیل نہ ہو سکی لہٰذا بذریعہ اشتہار اطلاع دی جاتی ہے کہ وہ مورخہ مقررہ پر بوقت دس بجے دن اصالتاً یا وکالتاً حاضر عدالت ہو کر پیروی مقدمہ کرے بصورت دیگر کاروائی یکطرفہ عمل میں لائی جائے گی۔ آج مورخہ کو میرے دستخط اور مہر عدالت سے جاری ہوا۔

مقدمہ نمبر 340 سال 2025 مورخہ 18 دسمبر، آئندہ تاریخ پیشی 15.01.2026 مقرر ہے۔

بعدالت کی طرف سے مشتہر کیا جاتا ہے کہ مقدمہ مندرجہ بالا میں مسئول علیہ کو بذریعہ سمن طلب کیا گیا مگر تعمیل نہ ہو سکی لہٰذا بذریعہ اشتہار اطلاع دی جاتی ہے کہ وہ مورخہ مقررہ پر بوقت دس بجے دن اصالتاً یا وکالتاً حاضر عدالت ہو کر پیروی مقدمہ کرے بصورت دیگر کاروائی یکطرفہ عمل میں لائی جائے گی۔ آج مورخہ کو میرے دستخط اور مہر عدالت سے جاری ہوا۔

تاریخ پیشی 26.12.2025

میرا پاسپورٹ نمبر HJ1825451 گم ہو گیا ہے، ملنے کی صورت میں مطلع کریں۔

مقدمہ دائر کردہ 23-12-2025 تاریخ پیشی مقرر ہے۔

دفعہ 07 MCB-2/192 مقدمہ نمبر 207 سال 3888 رقم 2129 منجانب 4845/3407 تاریخ پیشی 24-12-2025

مقدمہ 49948 مورخہ 07-08-2015 رقم 50 ہزار 48561 تاریخ 06-01-2026

بعدالت کی طرف سے مشتہر کیا جاتا ہے کہ مقدمہ مندرجہ بالا میں مسئول علیہ کو بذریعہ سمن طلب کیا گیا مگر تعمیل نہ ہو سکی لہٰذا بذریعہ اشتہار اطلاع دی جاتی ہے کہ وہ مورخہ مقررہ پر بوقت دس بجے دن اصالتاً یا وکالتاً حاضر عدالت ہو کر پیروی مقدمہ کرے بصورت دیگر کاروائی یکطرفہ عمل میں لائی جائے گی۔ آج مورخہ کو میرے دستخط اور مہر عدالت سے جاری ہوا۔

مقدمہ نمبر 25 سال 2015

پاکستان کے حقوق کی صورت حال پر رپورٹ جاری کی گئی جس میں مختلف شعبوں کا جائزہ لیا گیا۔

پچھلے سال 10 لاکھ 8 ہزار افراد مستفید ہوئے، 13 اضلاع میں 83 ہزار گھرانوں کو امداد فراہم کی گئی۔ 12 ہزار نئے کنکشن، 31 ہزار 8 سو شکایات کا ازالہ، 21 ہزار 4 سو، 933 اور 400 افراد کو روزگار۔

بعدالت کی طرف سے مشتہر کیا جاتا ہے کہ مقدمہ مندرجہ بالا میں مسئول علیہ کو بذریعہ سمن طلب کیا گیا مگر تعمیل نہ ہو سکی لہٰذا بذریعہ اشتہار اطلاع دی جاتی ہے کہ وہ مورخہ مقررہ پر بوقت دس بجے دن اصالتاً یا وکالتاً حاضر عدالت ہو کر پیروی مقدمہ کرے بصورت دیگر کاروائی یکطرفہ عمل میں لائی جائے گی۔ آج مورخہ کو میرے دستخط اور مہر عدالت سے جاری ہوا۔

مقدمہ نمبر 340 سال 2025 مورخہ 18 دسمبر، آئندہ تاریخ پیشی 15.01.2026 مقرر ہے۔

بعدالت کی طرف سے مشتہر کیا جاتا ہے کہ مقدمہ مندرجہ بالا میں مسئول علیہ کو بذریعہ سمن طلب کیا گیا مگر تعمیل نہ ہو سکی لہٰذا بذریعہ اشتہار اطلاع دی جاتی ہے کہ وہ مورخہ مقررہ پر بوقت دس بجے دن اصالتاً یا وکالتاً حاضر عدالت ہو کر پیروی مقدمہ کرے بصورت دیگر کاروائی یکطرفہ عمل میں لائی جائے گی۔ آج مورخہ کو میرے دستخط اور مہر عدالت سے جاری ہوا۔

تاریخ پیشی 26.12.2025

میرا پاسپورٹ نمبر HJ1825451 گم ہو گیا ہے، ملنے کی صورت میں مطلع کریں۔

مقدمہ دائر کردہ 23-12-2025 تاریخ پیشی مقرر ہے۔

دفعہ 07 MCB-2/192 مقدمہ نمبر 207 سال 3888 رقم 2129 منجانب 4845/3407 تاریخ پیشی 24-12-2025

مقدمہ 49948 مورخہ 07-08-2015 رقم 50 ہزار 48561 تاریخ 06-01-2026

بعدالت کی طرف سے مشتہر کیا جاتا ہے کہ مقدمہ مندرجہ بالا میں مسئول علیہ کو بذریعہ سمن طلب کیا گیا مگر تعمیل نہ ہو سکی لہٰذا بذریعہ اشتہار اطلاع دی جاتی ہے کہ وہ مورخہ مقررہ پر بوقت دس بجے دن اصالتاً یا وکالتاً حاضر عدالت ہو کر پیروی مقدمہ کرے بصورت دیگر کاروائی یکطرفہ عمل میں لائی جائے گی۔ آج مورخہ کو میرے دستخط اور مہر عدالت سے جاری ہوا۔

مقدمہ نمبر 25 سال 2015

پاکستان کے حقوق کی صورت حال پر رپورٹ جاری کی گئی جس میں مختلف شعبوں کا جائزہ لیا گیا۔

پچھلے سال 10 لاکھ 8 ہزار افراد مستفید ہوئے، 13 اضلاع میں 83 ہزار گھرانوں کو امداد فراہم کی گئی۔ 12 ہزار نئے کنکشن، 31 ہزار 8 سو شکایات کا ازالہ، 21 ہزار 4 سو، 933 اور 400 افراد کو روزگار۔

بعدالت کی طرف سے مشتہر کیا جاتا ہے کہ مقدمہ مندرجہ بالا میں مسئول علیہ کو بذریعہ سمن طلب کیا گیا مگر تعمیل نہ ہو سکی لہٰذا بذریعہ اشتہار اطلاع دی جاتی ہے کہ وہ مورخہ مقررہ پر بوقت دس بجے دن اصالتاً یا وکالتاً حاضر عدالت ہو کر پیروی مقدمہ کرے بصورت دیگر کاروائی یکطرفہ عمل میں لائی جائے گی۔ آج مورخہ کو میرے دستخط اور مہر عدالت سے جاری ہوا۔

مقدمہ نمبر 340 سال 2025 مورخہ 18 دسمبر، آئندہ تاریخ پیشی 15.01.2026 مقرر ہے۔

بعدالت کی طرف سے مشتہر کیا جاتا ہے کہ مقدمہ مندرجہ بالا میں مسئول علیہ کو بذریعہ سمن طلب کیا گیا مگر تعمیل نہ ہو سکی لہٰذا بذریعہ اشتہار اطلاع دی جاتی ہے کہ وہ مورخہ مقررہ پر بوقت دس بجے دن اصالتاً یا وکالتاً حاضر عدالت ہو کر پیروی مقدمہ کرے بصورت دیگر کاروائی یکطرفہ عمل میں لائی جائے گی۔ آج مورخہ کو میرے دستخط اور مہر عدالت سے جاری ہوا۔

تاریخ پیشی 26.12.2025

میرا پاسپورٹ نمبر HJ1825451 گم ہو گیا ہے، ملنے کی صورت میں مطلع کریں۔

مقدمہ دائر کردہ 23-12-2025 تاریخ پیشی مقرر ہے۔

دفعہ 07 MCB-2/192 مقدمہ نمبر 207 سال 3888 رقم 2129 منجانب 4845/3407 تاریخ پیشی 24-12-2025

مقدمہ 49948 مورخہ 07-08-2015 رقم 50 ہزار 48561 تاریخ 06-01-2026

بعدالت کی طرف سے مشتہر کیا جاتا ہے کہ مقدمہ مندرجہ بالا میں مسئول علیہ کو بذریعہ سمن طلب کیا گیا مگر تعمیل نہ ہو سکی لہٰذا بذریعہ اشتہار اطلاع دی جاتی ہے کہ وہ مورخہ مقررہ پر بوقت دس بجے دن اصالتاً یا وکالتاً حاضر عدالت ہو کر پیروی مقدمہ کرے بصورت دیگر کاروائی یکطرفہ عمل میں لائی جائے گی۔ آج مورخہ کو میرے دستخط اور مہر عدالت سے جاری ہوا۔

مقدمہ نمبر 25 سال 2015

پاکستان کے حقوق کی صورت حال پر رپورٹ جاری کی گئی جس میں مختلف شعبوں کا جائزہ لیا گیا۔

پچھلے سال 10 لاکھ 8 ہزار افراد مستفید ہوئے، 13 اضلاع میں 83 ہزار گھرانوں کو امداد فراہم کی گئی۔ 12 ہزار نئے کنکشن، 31 ہزار 8 سو شکایات کا ازالہ، 21 ہزار 4 سو، 933 اور 400 افراد کو روزگار۔

بعدالت کی طرف سے مشتہر کیا جاتا ہے کہ مقدمہ مندرجہ بالا میں مسئول علیہ کو بذریعہ سمن طلب کیا گیا مگر تعمیل نہ ہو سکی لہٰذا بذریعہ اشتہار اطلاع دی جاتی ہے کہ وہ مورخہ مقررہ پر بوقت دس بجے دن اصالتاً یا وکالتاً حاضر عدالت ہو کر پیروی مقدمہ کرے بصورت دیگر کاروائی یکطرفہ عمل میں لائی جائے گی۔ آج مورخہ کو میرے دستخط اور مہر عدالت سے جاری ہوا۔

مقدمہ نمبر 340 سال 2025 مورخہ 18 دسمبر، آئندہ تاریخ پیشی 15.01.2026 مقرر ہے۔

بعدالت کی طرف سے مشتہر کیا جاتا ہے کہ مقدمہ مندرجہ بالا میں مسئول علیہ کو بذریعہ سمن طلب کیا گیا مگر تعمیل نہ ہو سکی لہٰذا بذریعہ اشتہار اطلاع دی جاتی ہے کہ وہ مورخہ مقررہ پر بوقت دس بجے دن اصالتاً یا وکالتاً حاضر عدالت ہو کر پیروی مقدمہ کرے بصورت دیگر کاروائی یکطرفہ عمل میں لائی جائے گی۔ آج مورخہ کو میرے دستخط اور مہر عدالت سے جاری ہوا۔

تاریخ پیشی 26.12.2025

میرا پاسپورٹ نمبر HJ1825451 گم ہو گیا ہے، ملنے کی صورت میں مطلع کریں۔

مقدمہ دائر کردہ 23-12-2025 تاریخ پیشی مقرر ہے۔

دفعہ 07 MCB-2/192 مقدمہ نمبر 207 سال 3888 رقم 2129 منجانب 4845/3407 تاریخ پیشی 24-12-2025

مقدمہ 49948 مورخہ 07-08-2015 رقم 50 ہزار 48561 تاریخ 06-01-2026

بعدالت کی طرف سے مشتہر کیا جاتا ہے کہ مقدمہ مندرجہ بالا میں مسئول علیہ کو بذریعہ سمن طلب کیا گیا مگر تعمیل نہ ہو سکی لہٰذا بذریعہ اشتہار اطلاع دی جاتی ہے کہ وہ مورخہ مقررہ پر بوقت دس بجے دن اصالتاً یا وکالتاً حاضر عدالت ہو کر پیروی مقدمہ کرے بصورت دیگر کاروائی یکطرفہ عمل میں لائی جائے گی۔ آج مورخہ کو میرے دستخط اور مہر عدالت سے جاری ہوا۔

مقدمہ نمبر 25 سال 2015

پاکستان کے حقوق کی صورت حال پر رپورٹ جاری کی گئی جس میں مختلف شعبوں کا جائزہ لیا گیا۔

پچھلے سال 10 لاکھ 8 ہزار افراد مستفید ہوئے، 13 اضلاع میں 83 ہزار گھرانوں کو امداد فراہم کی گئی۔ 12 ہزار نئے کنکشن، 31 ہزار 8 سو شکایات کا ازالہ، 21 ہزار 4 سو، 933 اور 400 افراد کو روزگار۔

بعدالت کی طرف سے مشتہر کیا جاتا ہے کہ مقدمہ مندرجہ بالا میں مسئول علیہ کو بذریعہ سمن طلب کیا گیا مگر تعمیل نہ ہو سکی لہٰذا بذریعہ اشتہار اطلاع دی جاتی ہے کہ وہ مورخہ مقررہ پر بوقت دس بجے دن اصالتاً یا وکالتاً حاضر عدالت ہو کر پیروی مقدمہ کرے بصورت دیگر کاروائی یکطرفہ عمل میں لائی جائے گی۔ آج مورخہ کو میرے دستخط اور مہر عدالت سے جاری ہوا۔

مقدمہ نمبر 340 سال 2025 مورخہ 18 دسمبر، آئندہ تاریخ پیشی 15.01.2026 مقرر ہے۔

بعدالت کی طرف سے مشتہر کیا جاتا ہے کہ مقدمہ مندرجہ بالا میں مسئول علیہ کو بذریعہ سمن طلب کیا گیا مگر تعمیل نہ ہو سکی لہٰذا بذریعہ اشتہار اطلاع دی جاتی ہے کہ وہ مورخہ مقررہ پر بوقت دس بجے دن اصالتاً یا وکالتاً حاضر عدالت ہو کر پیروی مقدمہ کرے بصورت دیگر کاروائی یکطرفہ عمل میں لائی جائے گی۔ آج مورخہ کو میرے دستخط اور مہر عدالت سے جاری ہوا۔

تاریخ پیشی 26.12.2025

میرا پاسپورٹ نمبر HJ1825451 گم ہو گیا ہے، ملنے کی صورت میں مطلع کریں۔

مقدمہ دائر کردہ 23-12-2025 تاریخ پیشی مقرر ہے۔

دفعہ 07 MCB-2/192 مقدمہ نمبر 207 سال 3888 رقم 2129 منجانب 4845/3407 تاریخ پیشی 24-12-2025

مقدمہ 49948 مورخہ 07-08-2015 رقم 50 ہزار 48561 تاریخ 06-01-2026

بعدالت کی طرف سے مشتہر کیا جاتا ہے کہ مقدمہ مندرجہ بالا میں مسئول علیہ کو بذریعہ سمن طلب کیا گیا مگر تعمیل نہ ہو سکی لہٰذا بذریعہ اشتہار اطلاع دی جاتی ہے کہ وہ مورخہ مقررہ پر بوقت دس بجے دن اصالتاً یا وکالتاً حاضر عدالت ہو کر پیروی مقدمہ کرے بصورت دیگر کاروائی یکطرفہ عمل میں لائی جائے گی۔ آج مورخہ کو میرے دستخط اور مہر عدالت سے جاری ہوا۔

مقدمہ نمبر 25 سال 2015

بعدالت جناب چوہدری جابر عباس
صاحب نائب تحصیلدار / اسسٹنٹ کلکٹر درجہ دوم تحصیل گوجر خان ضلع راولپنڈی

بعدالت کی طرف سے مشتہر کیا جاتا ہے کہ مقدمہ مندرجہ بالا میں مسئول علیہ کو بذریعہ سمن طلب کیا گیا مگر تعمیل نہ ہو سکی لہٰذا بذریعہ اشتہار اطلاع دی جاتی ہے کہ وہ مورخہ مقررہ پر بوقت دس بجے دن اصالتاً یا وکالتاً حاضر عدالت ہو کر پیروی مقدمہ کرے بصورت دیگر کاروائی یکطرفہ عمل میں لائی جائے گی۔ آج مورخہ کو میرے دستخط اور مہر عدالت سے جاری ہوا۔

مقدمہ نمبر 12 سال 2025 تاریخ پیشی 22 دسمبر 2025

اشتہار

میرا شناختی کارڈ نمبر 61306-2416-9 گم ہو گیا ہے، ملنے والا مطلع کرے۔ فون 317

اشتہار

میرا شناختی کارڈ نمبر 603674889-8 گم ہو گیا ہے۔ 317

بعدالت جناب غلام الحسنین
صاحب سول جج فیملی راولپنڈی

Alina بنام وغیرہ، دعویٰ نان و نفقہ 240 ہزار، تاریخ پیشی 22 دسمبر 2025

گمشدگی کاغذات

میری گاڑی رجسٹریشن نمبر KH-3022 ماڈل 2000، چیسز SL-4817066 انجن 0017509-LN167 کے کاغذات گم ہو گئے ہیں۔ رابطہ 08001123

بعدالت جناب فرحت عباس
صاحب سول جج راولپنڈی

Faridi بنام ZA-1550 مقدمہ نمبر 20 سال 2025 تاریخ 09

بعدالت جناب وقار احمد
صاحب سول جج فیملی راولپنڈی

Qasba / Karyali تحصیل و ضلع، مقدمہ 19 سال 2025 تاریخ 09

بعدالت جناب یاسر بلال
صاحب سول جج فیملی راولپنڈی

ZB-5330 بنام، Z-1 مقدمہ 20 سال 2025 تاریخ پیشی مقرر

بعدالت جناب ملک عمران صاحب
سول جج درجہ اول اسلام آباد

(Ahsan) بنام (Ahsan) رہائشی G-6/4 مکان 65 گلی 35، تاریخ پیشی 22-12-2025

بعدالت جناب انعام اللہ صاحب
سینئر سول جج اسلام آباد

مقدمہ نمبر 1890 تاریخ 08-01-2026

بعدالت جناب وسیم حنیف صاحب
سول جج درجہ اول اسلام آباد

(PGECHS) مکان 43 تاریخ پیشی 05-01-2026

بعدالت کی طرف سے مشتہر کیا جاتا ہے کہ مقدمہ مندرجہ بالا میں مسئول علیہ کو بذریعہ سمن طلب کیا گیا مگر تعمیل نہ ہو سکی لہٰذا بذریعہ اشتہار اطلاع دی جاتی ہے کہ وہ مورخہ مقررہ پر بوقت دس بجے دن اصالتاً یا وکالتاً حاضر عدالت ہو کر پیروی مقدمہ کرے بصورت دیگر کاروائی یکطرفہ عمل میں لائی جائے گی۔ آج مورخہ کو میرے دستخط اور مہر عدالت سے جاری ہوا۔

مقدمہ نمبر 12 سال 2025 تاریخ پیشی 22 دسمبر 2025

میرا شناختی کارڈ نمبر 61306-2416-9 گم ہو گیا ہے، ملنے والا مطلع کرے۔ فون 317

میرا شناختی کارڈ نمبر 603674889-8 گم ہو گیا ہے۔ 317

Alina بنام وغیرہ، دعویٰ نان و نفقہ 240 ہزار، تاریخ پیشی 22 دسمبر 2025

میری گاڑی رجسٹریشن نمبر KH-3022 ماڈل 2000، چیسز SL-4817066 انجن 0017509-LN167 کے کاغذات گم ہو گئے ہیں۔ رابطہ 08001123

Faridi بنام ZA-1550 مقدمہ نمبر 20 سال 2025 تاریخ 09

Qasba / Karyali تحصیل و ضلع، مقدمہ 19 سال 2025 تاریخ 09

ZB-5330 بنام، Z-1 مقدمہ 20 سال 2025 تاریخ پیشی مقرر

(Ahsan) بنام (Ahsan) رہائشی G-6/4 مکان 65 گلی 35، تاریخ پیشی 22-12-2025

مقدمہ نمبر 1890 تاریخ 08-01-2026

(PGECHS) مکان 43 تاریخ پیشی 05-01-2026

بعدالت کی طرف سے مشتہر کیا جاتا ہے کہ مقدمہ مندرجہ بالا میں مسئول علیہ کو بذریعہ سمن طلب کیا گیا مگر تعمیل نہ ہو سکی لہٰذا بذریعہ اشتہار اطلاع دی جاتی ہے کہ وہ مورخہ مقررہ پر بوقت دس بجے دن اصالتاً یا وکالتاً حاضر عدالت ہو کر پیروی مقدمہ کرے بصورت دیگر کاروائی یکطرفہ عمل میں لائی جائے گی۔ آج مورخہ کو میرے دستخط اور مہر عدالت سے جاری ہوا۔

مقدمہ نمبر 12 سال 2025 تاریخ پیشی 22 دسمبر 2025

میرا شناختی کارڈ نمبر 61306-2416-9 گم ہو گیا ہے، ملنے والا مطلع کرے۔ فون 317

میرا شناختی کارڈ نمبر 603674889-8 گم ہو گیا ہے۔ 317

Alina بنام وغیرہ، دعویٰ نان و نفقہ 240 ہزار، تاریخ پیشی 22 دسمبر 2025

میری گاڑی رجسٹریشن نمبر KH-3022 ماڈل 2000، چیسز SL-4817066 انجن 0017509-LN167 کے کاغذات گم ہو گئے ہیں۔ رابطہ 08001123

Faridi بنام ZA-1550 مقدمہ نمبر 20 سال 2025 تاریخ 09

Qasba / Karyali تحصیل و ضلع، مقدمہ 19 سال 2025 تاریخ 09

ZB-5330 بنام، Z-1 مقدمہ 20 سال 2025 تاریخ پیشی مقرر

(Ahsan) بنام (Ahsan) رہائشی G-6/4 مکان 65 گلی 35، تاریخ پیشی 22-12-2025

مقدمہ نمبر 1890 تاریخ 08-01-2026

(PGECHS) مکان 43 تاریخ پیشی 05-01-2026

بعدالت کی طرف سے مشتہر کیا جاتا ہے کہ مقدمہ مندرجہ بالا میں مسئول علیہ کو بذریعہ سمن طلب کیا گیا مگر تعمیل نہ ہو سکی لہٰذا بذریعہ اشتہار اطلاع دی جاتی ہے کہ وہ مورخہ مقررہ پر بوقت دس بجے دن اصالتاً یا وکالتاً حاضر عدالت ہو کر پیروی مقدمہ کرے بصورت دیگر کاروائی یکطرفہ عمل میں لائی جائے گی۔ آج مورخہ کو میرے دستخط اور مہر عدالت سے جاری ہوا۔

مقدمہ نمبر 12 سال 2025 تاریخ پیشی 22 دسمبر 2025

میرا شناختی کارڈ نمبر 61306-2416-9 گم ہو گیا ہے، ملنے والا مطلع کرے۔ فون 317

میرا شناختی کارڈ نمبر 603674889-8 گم ہو گیا ہے۔ 317

Alina بنام وغیرہ، دعویٰ نان و نفقہ 240 ہزار، تاریخ پیشی 22 دسمبر 2025

میری گاڑی رجسٹریشن نمبر KH-3022 ماڈل 2000، چیسز SL-4817066 انجن 0017509-LN167 کے کاغذات گم ہو گئے ہیں۔ رابطہ 08001123

Faridi بنام ZA-1550 مقدمہ نمبر 20 سال 2025 تاریخ 09

Qasba / Karyali تحصیل و ضلع، مقدمہ 19 سال 2025 تاریخ 09

ZB-5330 بنام، Z-1 مقدمہ 20 سال 2025 تاریخ پیشی مقرر

(Ahsan) بنام (Ahsan) رہائشی G-6/4 مکان 65 گلی 35، تاریخ پیشی 22-12-2025

مقدمہ نمبر 1890 تاریخ 08-01-2026

(PGECHS) مکان 43 تاریخ پیشی 05-01-2026

بعدالت کی طرف سے مشتہر کیا جاتا ہے کہ مقدمہ مندرجہ بالا میں مسئول علیہ کو بذریعہ سمن طلب کیا گیا مگر تعمیل نہ ہو سکی لہٰذا بذریعہ اشتہار اطلاع دی جاتی ہے کہ وہ مورخہ مقررہ پر بوقت دس بجے دن اصالتاً یا وکالتاً حاضر عدالت ہو کر پیروی مقدمہ کرے بصورت دیگر کاروائی یکطرفہ عمل میں لائی جائے گی۔ آج مورخہ کو میرے دستخط اور مہر عدالت سے جاری ہوا۔

مقدمہ نمبر 12 سال 2025 تاریخ پیشی 22 دسمبر 2025

میرا شناختی کارڈ نمبر 61306-2416-9 گم ہو گیا ہے، ملنے والا مطلع کرے۔ فون 317

میرا شناختی کارڈ نمبر 603674889-8 گم ہو گیا ہے۔ 317

Alina بنام وغیرہ، دعویٰ نان و نفقہ 240 ہزار، تاریخ پیشی 22 دسمبر 2025

میری گاڑی رجسٹریشن نمبر KH-3022 ماڈل 2000، چیسز SL-4817066 انجن 0017509-LN167 کے کاغذات گم ہو گئے ہیں۔ رابطہ 08001123

Faridi بنام ZA-1550 مقدمہ نمبر 20 سال 2025 تاریخ 09

Qasba / Karyali تحصیل و ضلع، مقدمہ 19 سال 2025 تاریخ 09

ZB-5330 بنام، Z-1 مقدمہ 20 سال 2025 تاریخ پیشی مقرر

(Ahsan) بنام (Ahsan) رہائشی G-6/4 مکان 65 گلی 35، تاریخ پیشی 22-12-2025

مقدمہ نمبر 1890 تاریخ 08-01-2026

(PGECHS) مکان 43 تاریخ پیشی 05-01-2026

بعدالت کی طرف سے مشتہر کیا جاتا ہے کہ مقدمہ مندرجہ بالا میں مسئول علیہ کو بذریعہ سمن طلب کیا گیا مگر تعمیل نہ ہو سکی لہٰذا بذریعہ اشتہار اطلاع دی جاتی ہے کہ وہ مورخہ مقررہ پر بوقت دس بجے دن اصالتاً یا وکالتاً حاضر عدالت ہو کر پیروی مقدمہ کرے بصورت دیگر کاروائی یکطرفہ عمل میں لائی جائے گی۔ آج مورخہ کو میرے دستخط اور مہر عدالت سے جاری ہوا۔

مقدمہ نمبر 12 سال 2025 تاریخ پیشی 22 دسمبر 2025

میرا شناختی کارڈ نمبر 61306-2416-9 گم ہو گیا ہے، ملنے والا مطلع کرے۔ فون 317

میرا شناختی کارڈ نمبر 603674889-8 گم ہو گیا ہے۔ 317

Alina بنام وغیرہ، دعویٰ نان و نفقہ 240 ہزار، تاریخ پیشی 22 دسمبر 2025

میری گاڑی رجسٹریشن نمبر KH-3022 ماڈل 2000، چیسز SL-4817066 انجن 0017509-LN167 کے کاغذات گم ہو گئے ہیں۔ رابطہ 08001123

Faridi بنام ZA-1550 مقدمہ نمبر 20 سال 2025 تاریخ 09

Qasba / Karyali تحصیل و ضلع، مقدمہ 19 سال 2025 تاریخ 09

ZB-5330 بنام، Z-1 مقدمہ 20 سال 2025 تاریخ پیشی مقرر

(Ahsan) بنام (Ahsan) رہائشی G-6/4 مکان 65 گلی 35، تاریخ پیشی 22-12-2025

مقدمہ نمبر 1890 تاریخ 08-01-2026

(PGECHS) مکان 43 تاریخ پیشی 05-01-2026
